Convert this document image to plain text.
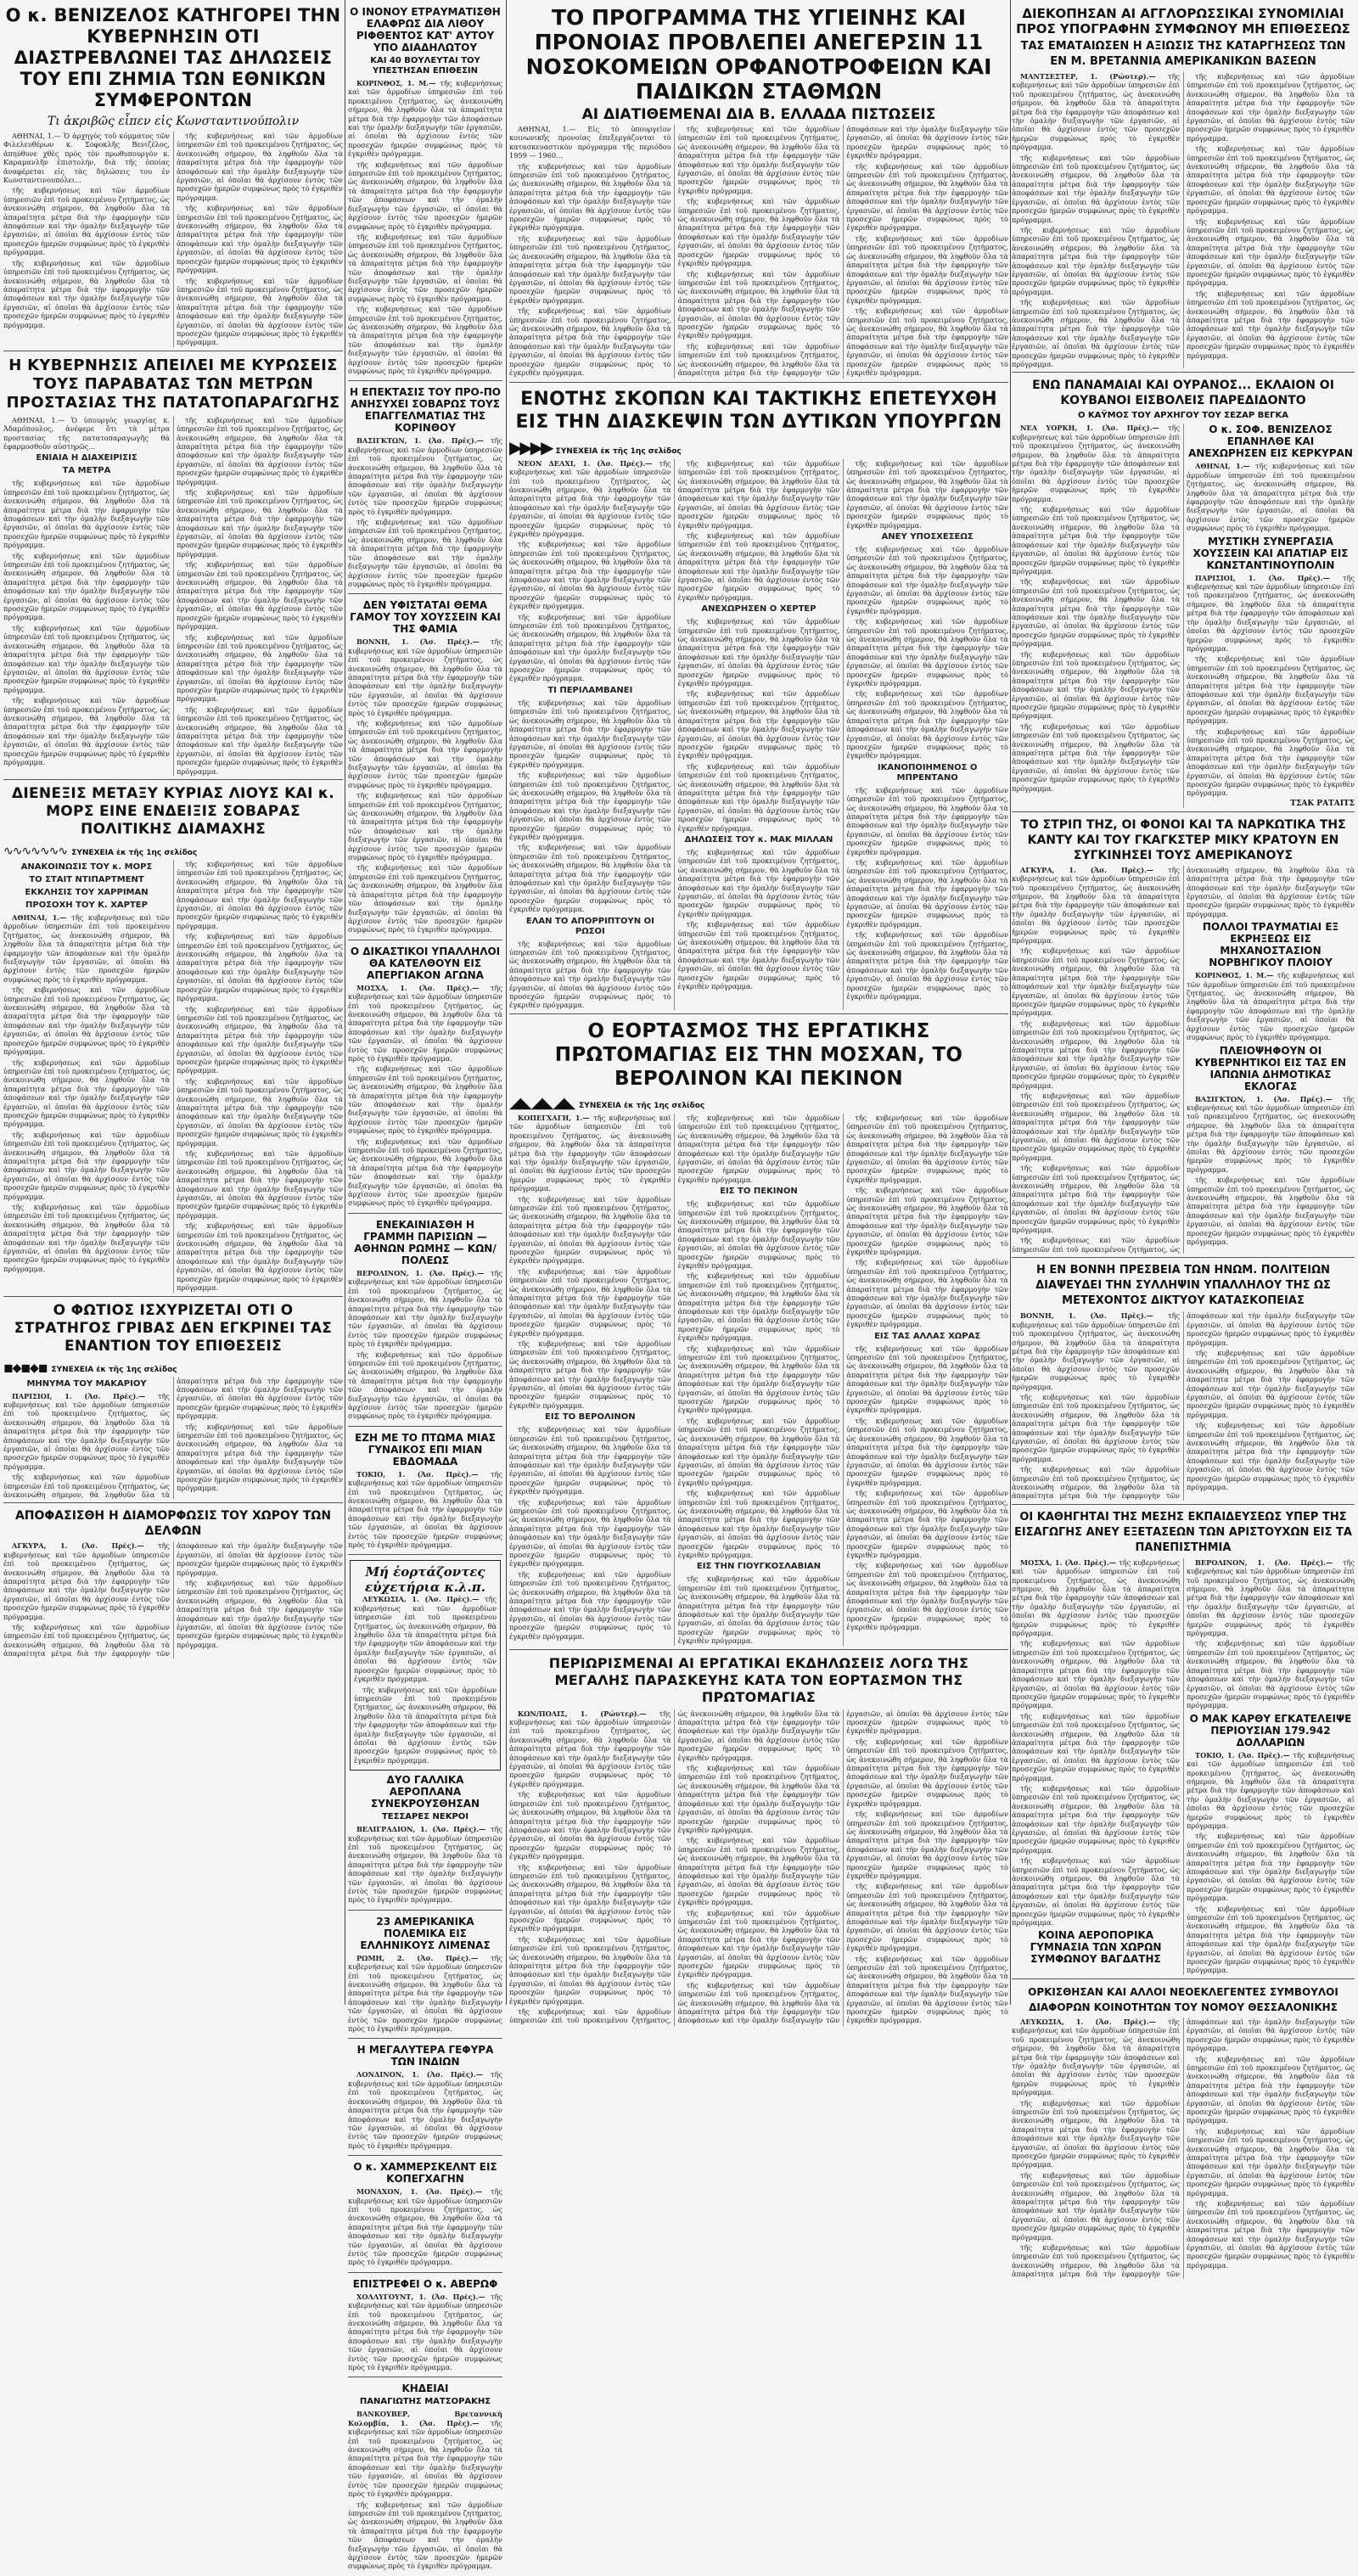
Ο κ. ΒΕΝΙΖΕΛΟΣ ΚΑΤΗΓΟΡΕΙ ΤΗΝ ΚΥΒΕΡΝΗΣΙΝ ΟΤΙ ΔΙΑΣΤΡΕΒΛΩΝΕΙ ΤΑΣ ΔΗΛΩΣΕΙΣ ΤΟΥ ΕΠΙ ΖΗΜΙΑ ΤΩΝ ΕΘΝΙΚΩΝ ΣΥΜΦΕΡΟΝΤΩΝ
Τι ἀκριβῶς εἶπεν εἰς Κωνσταντινούπολιν

ΑΘΗΝΑΙ, 1.— Ὁ ἀρχηγὸς τοῦ κόμματος τῶν Φιλελευθέρων κ. Σοφοκλῆς Βενιζέλος, ἀπηύθυνε χθὲς πρὸς τὸν πρωθυπουργὸν κ. Καραμανλῆν ἐπιστολήν, διὰ τῆς ὁποίας ἀναφέρεται εἰς τὰς δηλώσεις του ἐν Κωνσταντινουπόλει...

τῆς κυβερνήσεως καὶ τῶν ἁρμοδίων ὑπηρεσιῶν ἐπὶ τοῦ προκειμένου ζητήματος, ὡς ἀνεκοινώθη σήμερον, θὰ ληφθοῦν ὅλα τὰ ἀπαραίτητα μέτρα διὰ τὴν ἐφαρμογὴν τῶν ἀποφάσεων καὶ τὴν ὁμαλὴν διεξαγωγὴν τῶν ἐργασιῶν, αἱ ὁποῖαι θὰ ἀρχίσουν ἐντὸς τῶν προσεχῶν ἡμερῶν συμφώνως πρὸς τὸ ἐγκριθὲν πρόγραμμα.

τῆς κυβερνήσεως καὶ τῶν ἁρμοδίων ὑπηρεσιῶν ἐπὶ τοῦ προκειμένου ζητήματος, ὡς ἀνεκοινώθη σήμερον, θὰ ληφθοῦν ὅλα τὰ ἀπαραίτητα μέτρα διὰ τὴν ἐφαρμογὴν τῶν ἀποφάσεων καὶ τὴν ὁμαλὴν διεξαγωγὴν τῶν ἐργασιῶν, αἱ ὁποῖαι θὰ ἀρχίσουν ἐντὸς τῶν προσεχῶν ἡμερῶν συμφώνως πρὸς τὸ ἐγκριθὲν πρόγραμμα.

τῆς κυβερνήσεως καὶ τῶν ἁρμοδίων ὑπηρεσιῶν ἐπὶ τοῦ προκειμένου ζητήματος, ὡς ἀνεκοινώθη σήμερον, θὰ ληφθοῦν ὅλα τὰ ἀπαραίτητα μέτρα διὰ τὴν ἐφαρμογὴν τῶν ἀποφάσεων καὶ τὴν ὁμαλὴν διεξαγωγὴν τῶν ἐργασιῶν, αἱ ὁποῖαι θὰ ἀρχίσουν ἐντὸς τῶν προσεχῶν ἡμερῶν συμφώνως πρὸς τὸ ἐγκριθὲν πρόγραμμα.

τῆς κυβερνήσεως καὶ τῶν ἁρμοδίων ὑπηρεσιῶν ἐπὶ τοῦ προκειμένου ζητήματος, ὡς ἀνεκοινώθη σήμερον, θὰ ληφθοῦν ὅλα τὰ ἀπαραίτητα μέτρα διὰ τὴν ἐφαρμογὴν τῶν ἀποφάσεων καὶ τὴν ὁμαλὴν διεξαγωγὴν τῶν ἐργασιῶν, αἱ ὁποῖαι θὰ ἀρχίσουν ἐντὸς τῶν προσεχῶν ἡμερῶν συμφώνως πρὸς τὸ ἐγκριθὲν πρόγραμμα.

τῆς κυβερνήσεως καὶ τῶν ἁρμοδίων ὑπηρεσιῶν ἐπὶ τοῦ προκειμένου ζητήματος, ὡς ἀνεκοινώθη σήμερον, θὰ ληφθοῦν ὅλα τὰ ἀπαραίτητα μέτρα διὰ τὴν ἐφαρμογὴν τῶν ἀποφάσεων καὶ τὴν ὁμαλὴν διεξαγωγὴν τῶν ἐργασιῶν, αἱ ὁποῖαι θὰ ἀρχίσουν ἐντὸς τῶν προσεχῶν ἡμερῶν συμφώνως πρὸς τὸ ἐγκριθὲν πρόγραμμα.

Η ΚΥΒΕΡΝΗΣΙΣ ΑΠΕΙΛΕΙ ΜΕ ΚΥΡΩΣΕΙΣ ΤΟΥΣ ΠΑΡΑΒΑΤΑΣ ΤΩΝ ΜΕΤΡΩΝ ΠΡΟΣΤΑΣΙΑΣ ΤΗΣ ΠΑΤΑΤΟΠΑΡΑΓΩΓΗΣ

ΑΘΗΝΑΙ, 1.— Ὁ ὑπουργὸς γεωργίας κ. Ἀδαμόπουλος, ἀνέφερε ὅτι τὰ μέτρα προστασίας τῆς πατατοπαραγωγῆς θὰ ἐφαρμοσθοῦν αὐστηρῶς...

ΕΝΙΑΙΑ Η ΔΙΑΧΕΙΡΙΣΙΣ
ΤΑ ΜΕΤΡΑ

τῆς κυβερνήσεως καὶ τῶν ἁρμοδίων ὑπηρεσιῶν ἐπὶ τοῦ προκειμένου ζητήματος, ὡς ἀνεκοινώθη σήμερον, θὰ ληφθοῦν ὅλα τὰ ἀπαραίτητα μέτρα διὰ τὴν ἐφαρμογὴν τῶν ἀποφάσεων καὶ τὴν ὁμαλὴν διεξαγωγὴν τῶν ἐργασιῶν, αἱ ὁποῖαι θὰ ἀρχίσουν ἐντὸς τῶν προσεχῶν ἡμερῶν συμφώνως πρὸς τὸ ἐγκριθὲν πρόγραμμα.

τῆς κυβερνήσεως καὶ τῶν ἁρμοδίων ὑπηρεσιῶν ἐπὶ τοῦ προκειμένου ζητήματος, ὡς ἀνεκοινώθη σήμερον, θὰ ληφθοῦν ὅλα τὰ ἀπαραίτητα μέτρα διὰ τὴν ἐφαρμογὴν τῶν ἀποφάσεων καὶ τὴν ὁμαλὴν διεξαγωγὴν τῶν ἐργασιῶν, αἱ ὁποῖαι θὰ ἀρχίσουν ἐντὸς τῶν προσεχῶν ἡμερῶν συμφώνως πρὸς τὸ ἐγκριθὲν πρόγραμμα.

τῆς κυβερνήσεως καὶ τῶν ἁρμοδίων ὑπηρεσιῶν ἐπὶ τοῦ προκειμένου ζητήματος, ὡς ἀνεκοινώθη σήμερον, θὰ ληφθοῦν ὅλα τὰ ἀπαραίτητα μέτρα διὰ τὴν ἐφαρμογὴν τῶν ἀποφάσεων καὶ τὴν ὁμαλὴν διεξαγωγὴν τῶν ἐργασιῶν, αἱ ὁποῖαι θὰ ἀρχίσουν ἐντὸς τῶν προσεχῶν ἡμερῶν συμφώνως πρὸς τὸ ἐγκριθὲν πρόγραμμα.

τῆς κυβερνήσεως καὶ τῶν ἁρμοδίων ὑπηρεσιῶν ἐπὶ τοῦ προκειμένου ζητήματος, ὡς ἀνεκοινώθη σήμερον, θὰ ληφθοῦν ὅλα τὰ ἀπαραίτητα μέτρα διὰ τὴν ἐφαρμογὴν τῶν ἀποφάσεων καὶ τὴν ὁμαλὴν διεξαγωγὴν τῶν ἐργασιῶν, αἱ ὁποῖαι θὰ ἀρχίσουν ἐντὸς τῶν προσεχῶν ἡμερῶν συμφώνως πρὸς τὸ ἐγκριθὲν πρόγραμμα.

τῆς κυβερνήσεως καὶ τῶν ἁρμοδίων ὑπηρεσιῶν ἐπὶ τοῦ προκειμένου ζητήματος, ὡς ἀνεκοινώθη σήμερον, θὰ ληφθοῦν ὅλα τὰ ἀπαραίτητα μέτρα διὰ τὴν ἐφαρμογὴν τῶν ἀποφάσεων καὶ τὴν ὁμαλὴν διεξαγωγὴν τῶν ἐργασιῶν, αἱ ὁποῖαι θὰ ἀρχίσουν ἐντὸς τῶν προσεχῶν ἡμερῶν συμφώνως πρὸς τὸ ἐγκριθὲν πρόγραμμα.

τῆς κυβερνήσεως καὶ τῶν ἁρμοδίων ὑπηρεσιῶν ἐπὶ τοῦ προκειμένου ζητήματος, ὡς ἀνεκοινώθη σήμερον, θὰ ληφθοῦν ὅλα τὰ ἀπαραίτητα μέτρα διὰ τὴν ἐφαρμογὴν τῶν ἀποφάσεων καὶ τὴν ὁμαλὴν διεξαγωγὴν τῶν ἐργασιῶν, αἱ ὁποῖαι θὰ ἀρχίσουν ἐντὸς τῶν προσεχῶν ἡμερῶν συμφώνως πρὸς τὸ ἐγκριθὲν πρόγραμμα.

τῆς κυβερνήσεως καὶ τῶν ἁρμοδίων ὑπηρεσιῶν ἐπὶ τοῦ προκειμένου ζητήματος, ὡς ἀνεκοινώθη σήμερον, θὰ ληφθοῦν ὅλα τὰ ἀπαραίτητα μέτρα διὰ τὴν ἐφαρμογὴν τῶν ἀποφάσεων καὶ τὴν ὁμαλὴν διεξαγωγὴν τῶν ἐργασιῶν, αἱ ὁποῖαι θὰ ἀρχίσουν ἐντὸς τῶν προσεχῶν ἡμερῶν συμφώνως πρὸς τὸ ἐγκριθὲν πρόγραμμα.

τῆς κυβερνήσεως καὶ τῶν ἁρμοδίων ὑπηρεσιῶν ἐπὶ τοῦ προκειμένου ζητήματος, ὡς ἀνεκοινώθη σήμερον, θὰ ληφθοῦν ὅλα τὰ ἀπαραίτητα μέτρα διὰ τὴν ἐφαρμογὴν τῶν ἀποφάσεων καὶ τὴν ὁμαλὴν διεξαγωγὴν τῶν ἐργασιῶν, αἱ ὁποῖαι θὰ ἀρχίσουν ἐντὸς τῶν προσεχῶν ἡμερῶν συμφώνως πρὸς τὸ ἐγκριθὲν πρόγραμμα.

τῆς κυβερνήσεως καὶ τῶν ἁρμοδίων ὑπηρεσιῶν ἐπὶ τοῦ προκειμένου ζητήματος, ὡς ἀνεκοινώθη σήμερον, θὰ ληφθοῦν ὅλα τὰ ἀπαραίτητα μέτρα διὰ τὴν ἐφαρμογὴν τῶν ἀποφάσεων καὶ τὴν ὁμαλὴν διεξαγωγὴν τῶν ἐργασιῶν, αἱ ὁποῖαι θὰ ἀρχίσουν ἐντὸς τῶν προσεχῶν ἡμερῶν συμφώνως πρὸς τὸ ἐγκριθὲν πρόγραμμα.

ΔΙΕΝΕΞΙΣ ΜΕΤΑΞΥ ΚΥΡΙΑΣ ΛΙΟΥΣ ΚΑΙ κ. ΜΟΡΣ ΕΙΝΕ ΕΝΔΕΙΞΙΣ ΣΟΒΑΡΑΣ ΠΟΛΙΤΙΚΗΣ ΔΙΑΜΑΧΗΣ
∿∿∿∿∿∿∿ ΣΥΝΕΧΕΙΑ ἐκ τῆς 1ης σελίδος
ΑΝΑΚΟΙΝΩΣΙΣ ΤΟΥ κ. ΜΟΡΣ
ΤΟ ΣΤΑΙΤ ΝΤΙΠΑΡΤΜΕΝΤ
ΕΚΚΛΗΣΙΣ ΤΟΥ ΧΑΡΡΙΜΑΝ
ΠΡΟΣΟΧΗ ΤΟΥ Κ. ΧΑΡΤΕΡ

ΑΘΗΝΑΙ, 1.— τῆς κυβερνήσεως καὶ τῶν ἁρμοδίων ὑπηρεσιῶν ἐπὶ τοῦ προκειμένου ζητήματος, ὡς ἀνεκοινώθη σήμερον, θὰ ληφθοῦν ὅλα τὰ ἀπαραίτητα μέτρα διὰ τὴν ἐφαρμογὴν τῶν ἀποφάσεων καὶ τὴν ὁμαλὴν διεξαγωγὴν τῶν ἐργασιῶν, αἱ ὁποῖαι θὰ ἀρχίσουν ἐντὸς τῶν προσεχῶν ἡμερῶν συμφώνως πρὸς τὸ ἐγκριθὲν πρόγραμμα.

τῆς κυβερνήσεως καὶ τῶν ἁρμοδίων ὑπηρεσιῶν ἐπὶ τοῦ προκειμένου ζητήματος, ὡς ἀνεκοινώθη σήμερον, θὰ ληφθοῦν ὅλα τὰ ἀπαραίτητα μέτρα διὰ τὴν ἐφαρμογὴν τῶν ἀποφάσεων καὶ τὴν ὁμαλὴν διεξαγωγὴν τῶν ἐργασιῶν, αἱ ὁποῖαι θὰ ἀρχίσουν ἐντὸς τῶν προσεχῶν ἡμερῶν συμφώνως πρὸς τὸ ἐγκριθὲν πρόγραμμα.

τῆς κυβερνήσεως καὶ τῶν ἁρμοδίων ὑπηρεσιῶν ἐπὶ τοῦ προκειμένου ζητήματος, ὡς ἀνεκοινώθη σήμερον, θὰ ληφθοῦν ὅλα τὰ ἀπαραίτητα μέτρα διὰ τὴν ἐφαρμογὴν τῶν ἀποφάσεων καὶ τὴν ὁμαλὴν διεξαγωγὴν τῶν ἐργασιῶν, αἱ ὁποῖαι θὰ ἀρχίσουν ἐντὸς τῶν προσεχῶν ἡμερῶν συμφώνως πρὸς τὸ ἐγκριθὲν πρόγραμμα.

τῆς κυβερνήσεως καὶ τῶν ἁρμοδίων ὑπηρεσιῶν ἐπὶ τοῦ προκειμένου ζητήματος, ὡς ἀνεκοινώθη σήμερον, θὰ ληφθοῦν ὅλα τὰ ἀπαραίτητα μέτρα διὰ τὴν ἐφαρμογὴν τῶν ἀποφάσεων καὶ τὴν ὁμαλὴν διεξαγωγὴν τῶν ἐργασιῶν, αἱ ὁποῖαι θὰ ἀρχίσουν ἐντὸς τῶν προσεχῶν ἡμερῶν συμφώνως πρὸς τὸ ἐγκριθὲν πρόγραμμα.

τῆς κυβερνήσεως καὶ τῶν ἁρμοδίων ὑπηρεσιῶν ἐπὶ τοῦ προκειμένου ζητήματος, ὡς ἀνεκοινώθη σήμερον, θὰ ληφθοῦν ὅλα τὰ ἀπαραίτητα μέτρα διὰ τὴν ἐφαρμογὴν τῶν ἀποφάσεων καὶ τὴν ὁμαλὴν διεξαγωγὴν τῶν ἐργασιῶν, αἱ ὁποῖαι θὰ ἀρχίσουν ἐντὸς τῶν προσεχῶν ἡμερῶν συμφώνως πρὸς τὸ ἐγκριθὲν πρόγραμμα.

τῆς κυβερνήσεως καὶ τῶν ἁρμοδίων ὑπηρεσιῶν ἐπὶ τοῦ προκειμένου ζητήματος, ὡς ἀνεκοινώθη σήμερον, θὰ ληφθοῦν ὅλα τὰ ἀπαραίτητα μέτρα διὰ τὴν ἐφαρμογὴν τῶν ἀποφάσεων καὶ τὴν ὁμαλὴν διεξαγωγὴν τῶν ἐργασιῶν, αἱ ὁποῖαι θὰ ἀρχίσουν ἐντὸς τῶν προσεχῶν ἡμερῶν συμφώνως πρὸς τὸ ἐγκριθὲν πρόγραμμα.

τῆς κυβερνήσεως καὶ τῶν ἁρμοδίων ὑπηρεσιῶν ἐπὶ τοῦ προκειμένου ζητήματος, ὡς ἀνεκοινώθη σήμερον, θὰ ληφθοῦν ὅλα τὰ ἀπαραίτητα μέτρα διὰ τὴν ἐφαρμογὴν τῶν ἀποφάσεων καὶ τὴν ὁμαλὴν διεξαγωγὴν τῶν ἐργασιῶν, αἱ ὁποῖαι θὰ ἀρχίσουν ἐντὸς τῶν προσεχῶν ἡμερῶν συμφώνως πρὸς τὸ ἐγκριθὲν πρόγραμμα.

τῆς κυβερνήσεως καὶ τῶν ἁρμοδίων ὑπηρεσιῶν ἐπὶ τοῦ προκειμένου ζητήματος, ὡς ἀνεκοινώθη σήμερον, θὰ ληφθοῦν ὅλα τὰ ἀπαραίτητα μέτρα διὰ τὴν ἐφαρμογὴν τῶν ἀποφάσεων καὶ τὴν ὁμαλὴν διεξαγωγὴν τῶν ἐργασιῶν, αἱ ὁποῖαι θὰ ἀρχίσουν ἐντὸς τῶν προσεχῶν ἡμερῶν συμφώνως πρὸς τὸ ἐγκριθὲν πρόγραμμα.

τῆς κυβερνήσεως καὶ τῶν ἁρμοδίων ὑπηρεσιῶν ἐπὶ τοῦ προκειμένου ζητήματος, ὡς ἀνεκοινώθη σήμερον, θὰ ληφθοῦν ὅλα τὰ ἀπαραίτητα μέτρα διὰ τὴν ἐφαρμογὴν τῶν ἀποφάσεων καὶ τὴν ὁμαλὴν διεξαγωγὴν τῶν ἐργασιῶν, αἱ ὁποῖαι θὰ ἀρχίσουν ἐντὸς τῶν προσεχῶν ἡμερῶν συμφώνως πρὸς τὸ ἐγκριθὲν πρόγραμμα.

τῆς κυβερνήσεως καὶ τῶν ἁρμοδίων ὑπηρεσιῶν ἐπὶ τοῦ προκειμένου ζητήματος, ὡς ἀνεκοινώθη σήμερον, θὰ ληφθοῦν ὅλα τὰ ἀπαραίτητα μέτρα διὰ τὴν ἐφαρμογὴν τῶν ἀποφάσεων καὶ τὴν ὁμαλὴν διεξαγωγὴν τῶν ἐργασιῶν, αἱ ὁποῖαι θὰ ἀρχίσουν ἐντὸς τῶν προσεχῶν ἡμερῶν συμφώνως πρὸς τὸ ἐγκριθὲν πρόγραμμα.

τῆς κυβερνήσεως καὶ τῶν ἁρμοδίων ὑπηρεσιῶν ἐπὶ τοῦ προκειμένου ζητήματος, ὡς ἀνεκοινώθη σήμερον, θὰ ληφθοῦν ὅλα τὰ ἀπαραίτητα μέτρα διὰ τὴν ἐφαρμογὴν τῶν ἀποφάσεων καὶ τὴν ὁμαλὴν διεξαγωγὴν τῶν ἐργασιῶν, αἱ ὁποῖαι θὰ ἀρχίσουν ἐντὸς τῶν προσεχῶν ἡμερῶν συμφώνως πρὸς τὸ ἐγκριθὲν πρόγραμμα.

Ο ΦΩΤΙΟΣ ΙΣΧΥΡΙΖΕΤΑΙ ΟΤΙ Ο ΣΤΡΑΤΗΓΟΣ ΓΡΙΒΑΣ ΔΕΝ ΕΓΚΡΙΝΕΙ ΤΑΣ ΕΝΑΝΤΙΟΝ ΤΟΥ ΕΠΙΘΕΣΕΙΣ
◼◆◼◆◼ ΣΥΝΕΧΕΙΑ ἐκ τῆς 1ης σελίδος
ΜΗΝΥΜΑ ΤΟΥ ΜΑΚΑΡΙΟΥ

ΠΑΡΙΣΙΟΙ, 1. (Ἀσ. Πρὲς).— τῆς κυβερνήσεως καὶ τῶν ἁρμοδίων ὑπηρεσιῶν ἐπὶ τοῦ προκειμένου ζητήματος, ὡς ἀνεκοινώθη σήμερον, θὰ ληφθοῦν ὅλα τὰ ἀπαραίτητα μέτρα διὰ τὴν ἐφαρμογὴν τῶν ἀποφάσεων καὶ τὴν ὁμαλὴν διεξαγωγὴν τῶν ἐργασιῶν, αἱ ὁποῖαι θὰ ἀρχίσουν ἐντὸς τῶν προσεχῶν ἡμερῶν συμφώνως πρὸς τὸ ἐγκριθὲν πρόγραμμα.

τῆς κυβερνήσεως καὶ τῶν ἁρμοδίων ὑπηρεσιῶν ἐπὶ τοῦ προκειμένου ζητήματος, ὡς ἀνεκοινώθη σήμερον, θὰ ληφθοῦν ὅλα τὰ ἀπαραίτητα μέτρα διὰ τὴν ἐφαρμογὴν τῶν ἀποφάσεων καὶ τὴν ὁμαλὴν διεξαγωγὴν τῶν ἐργασιῶν, αἱ ὁποῖαι θὰ ἀρχίσουν ἐντὸς τῶν προσεχῶν ἡμερῶν συμφώνως πρὸς τὸ ἐγκριθὲν πρόγραμμα.

τῆς κυβερνήσεως καὶ τῶν ἁρμοδίων ὑπηρεσιῶν ἐπὶ τοῦ προκειμένου ζητήματος, ὡς ἀνεκοινώθη σήμερον, θὰ ληφθοῦν ὅλα τὰ ἀπαραίτητα μέτρα διὰ τὴν ἐφαρμογὴν τῶν ἀποφάσεων καὶ τὴν ὁμαλὴν διεξαγωγὴν τῶν ἐργασιῶν, αἱ ὁποῖαι θὰ ἀρχίσουν ἐντὸς τῶν προσεχῶν ἡμερῶν συμφώνως πρὸς τὸ ἐγκριθὲν πρόγραμμα.

ΑΠΟΦΑΣΙΣΘΗ Η ΔΙΑΜΟΡΦΩΣΙΣ ΤΟΥ ΧΩΡΟΥ ΤΩΝ ΔΕΛΦΩΝ

ΑΓΚΥΡΑ, 1. (Ἀσ. Πρὲς).— τῆς κυβερνήσεως καὶ τῶν ἁρμοδίων ὑπηρεσιῶν ἐπὶ τοῦ προκειμένου ζητήματος, ὡς ἀνεκοινώθη σήμερον, θὰ ληφθοῦν ὅλα τὰ ἀπαραίτητα μέτρα διὰ τὴν ἐφαρμογὴν τῶν ἀποφάσεων καὶ τὴν ὁμαλὴν διεξαγωγὴν τῶν ἐργασιῶν, αἱ ὁποῖαι θὰ ἀρχίσουν ἐντὸς τῶν προσεχῶν ἡμερῶν συμφώνως πρὸς τὸ ἐγκριθὲν πρόγραμμα.

τῆς κυβερνήσεως καὶ τῶν ἁρμοδίων ὑπηρεσιῶν ἐπὶ τοῦ προκειμένου ζητήματος, ὡς ἀνεκοινώθη σήμερον, θὰ ληφθοῦν ὅλα τὰ ἀπαραίτητα μέτρα διὰ τὴν ἐφαρμογὴν τῶν ἀποφάσεων καὶ τὴν ὁμαλὴν διεξαγωγὴν τῶν ἐργασιῶν, αἱ ὁποῖαι θὰ ἀρχίσουν ἐντὸς τῶν προσεχῶν ἡμερῶν συμφώνως πρὸς τὸ ἐγκριθὲν πρόγραμμα.

τῆς κυβερνήσεως καὶ τῶν ἁρμοδίων ὑπηρεσιῶν ἐπὶ τοῦ προκειμένου ζητήματος, ὡς ἀνεκοινώθη σήμερον, θὰ ληφθοῦν ὅλα τὰ ἀπαραίτητα μέτρα διὰ τὴν ἐφαρμογὴν τῶν ἀποφάσεων καὶ τὴν ὁμαλὴν διεξαγωγὴν τῶν ἐργασιῶν, αἱ ὁποῖαι θὰ ἀρχίσουν ἐντὸς τῶν προσεχῶν ἡμερῶν συμφώνως πρὸς τὸ ἐγκριθὲν πρόγραμμα.

Ο ΙΝΟΝΟΥ ΕΤΡΑΥΜΑΤΙΣΘΗ ΕΛΑΦΡΩΣ ΔΙΑ ΛΙΘΟΥ ΡΙΦΘΕΝΤΟΣ ΚΑΤ' ΑΥΤΟΥ ΥΠΟ ΔΙΑΔΗΛΩΤΟΥ
ΚΑΙ 40 ΒΟΥΛΕΥΤΑΙ ΤΟΥ ΥΠΕΣΤΗΣΑΝ ΕΠΙΘΕΣΙΝ

ΚΟΡΙΝΘΟΣ, 1. Μ.— τῆς κυβερνήσεως καὶ τῶν ἁρμοδίων ὑπηρεσιῶν ἐπὶ τοῦ προκειμένου ζητήματος, ὡς ἀνεκοινώθη σήμερον, θὰ ληφθοῦν ὅλα τὰ ἀπαραίτητα μέτρα διὰ τὴν ἐφαρμογὴν τῶν ἀποφάσεων καὶ τὴν ὁμαλὴν διεξαγωγὴν τῶν ἐργασιῶν, αἱ ὁποῖαι θὰ ἀρχίσουν ἐντὸς τῶν προσεχῶν ἡμερῶν συμφώνως πρὸς τὸ ἐγκριθὲν πρόγραμμα.

τῆς κυβερνήσεως καὶ τῶν ἁρμοδίων ὑπηρεσιῶν ἐπὶ τοῦ προκειμένου ζητήματος, ὡς ἀνεκοινώθη σήμερον, θὰ ληφθοῦν ὅλα τὰ ἀπαραίτητα μέτρα διὰ τὴν ἐφαρμογὴν τῶν ἀποφάσεων καὶ τὴν ὁμαλὴν διεξαγωγὴν τῶν ἐργασιῶν, αἱ ὁποῖαι θὰ ἀρχίσουν ἐντὸς τῶν προσεχῶν ἡμερῶν συμφώνως πρὸς τὸ ἐγκριθὲν πρόγραμμα.

τῆς κυβερνήσεως καὶ τῶν ἁρμοδίων ὑπηρεσιῶν ἐπὶ τοῦ προκειμένου ζητήματος, ὡς ἀνεκοινώθη σήμερον, θὰ ληφθοῦν ὅλα τὰ ἀπαραίτητα μέτρα διὰ τὴν ἐφαρμογὴν τῶν ἀποφάσεων καὶ τὴν ὁμαλὴν διεξαγωγὴν τῶν ἐργασιῶν, αἱ ὁποῖαι θὰ ἀρχίσουν ἐντὸς τῶν προσεχῶν ἡμερῶν συμφώνως πρὸς τὸ ἐγκριθὲν πρόγραμμα.

τῆς κυβερνήσεως καὶ τῶν ἁρμοδίων ὑπηρεσιῶν ἐπὶ τοῦ προκειμένου ζητήματος, ὡς ἀνεκοινώθη σήμερον, θὰ ληφθοῦν ὅλα τὰ ἀπαραίτητα μέτρα διὰ τὴν ἐφαρμογὴν τῶν ἀποφάσεων καὶ τὴν ὁμαλὴν διεξαγωγὴν τῶν ἐργασιῶν, αἱ ὁποῖαι θὰ ἀρχίσουν ἐντὸς τῶν προσεχῶν ἡμερῶν συμφώνως πρὸς τὸ ἐγκριθὲν πρόγραμμα.

Η ΕΠΕΚΤΑΣΙΣ ΤΟΥ ΠΡΟ-ΠΟ ΑΝΗΣΥΧΕΙ ΣΟΒΑΡΩΣ ΤΟΥΣ ΕΠΑΓΓΕΛΜΑΤΙΑΣ ΤΗΣ ΚΟΡΙΝΘΟΥ

ΒΑΣΙΓΚΤΩΝ, 1. (Ἀσ. Πρὲς).— τῆς κυβερνήσεως καὶ τῶν ἁρμοδίων ὑπηρεσιῶν ἐπὶ τοῦ προκειμένου ζητήματος, ὡς ἀνεκοινώθη σήμερον, θὰ ληφθοῦν ὅλα τὰ ἀπαραίτητα μέτρα διὰ τὴν ἐφαρμογὴν τῶν ἀποφάσεων καὶ τὴν ὁμαλὴν διεξαγωγὴν τῶν ἐργασιῶν, αἱ ὁποῖαι θὰ ἀρχίσουν ἐντὸς τῶν προσεχῶν ἡμερῶν συμφώνως πρὸς τὸ ἐγκριθὲν πρόγραμμα.

τῆς κυβερνήσεως καὶ τῶν ἁρμοδίων ὑπηρεσιῶν ἐπὶ τοῦ προκειμένου ζητήματος, ὡς ἀνεκοινώθη σήμερον, θὰ ληφθοῦν ὅλα τὰ ἀπαραίτητα μέτρα διὰ τὴν ἐφαρμογὴν τῶν ἀποφάσεων καὶ τὴν ὁμαλὴν διεξαγωγὴν τῶν ἐργασιῶν, αἱ ὁποῖαι θὰ ἀρχίσουν ἐντὸς τῶν προσεχῶν ἡμερῶν συμφώνως πρὸς τὸ ἐγκριθὲν πρόγραμμα.

ΔΕΝ ΥΦΙΣΤΑΤΑΙ ΘΕΜΑ ΓΑΜΟΥ ΤΟΥ ΧΟΥΣΣΕΙΝ ΚΑΙ ΤΗΣ ΦΑΜΙΑ

ΒΟΝΝΗ, 1. (Ἀσ. Πρὲς).— τῆς κυβερνήσεως καὶ τῶν ἁρμοδίων ὑπηρεσιῶν ἐπὶ τοῦ προκειμένου ζητήματος, ὡς ἀνεκοινώθη σήμερον, θὰ ληφθοῦν ὅλα τὰ ἀπαραίτητα μέτρα διὰ τὴν ἐφαρμογὴν τῶν ἀποφάσεων καὶ τὴν ὁμαλὴν διεξαγωγὴν τῶν ἐργασιῶν, αἱ ὁποῖαι θὰ ἀρχίσουν ἐντὸς τῶν προσεχῶν ἡμερῶν συμφώνως πρὸς τὸ ἐγκριθὲν πρόγραμμα.

τῆς κυβερνήσεως καὶ τῶν ἁρμοδίων ὑπηρεσιῶν ἐπὶ τοῦ προκειμένου ζητήματος, ὡς ἀνεκοινώθη σήμερον, θὰ ληφθοῦν ὅλα τὰ ἀπαραίτητα μέτρα διὰ τὴν ἐφαρμογὴν τῶν ἀποφάσεων καὶ τὴν ὁμαλὴν διεξαγωγὴν τῶν ἐργασιῶν, αἱ ὁποῖαι θὰ ἀρχίσουν ἐντὸς τῶν προσεχῶν ἡμερῶν συμφώνως πρὸς τὸ ἐγκριθὲν πρόγραμμα.

τῆς κυβερνήσεως καὶ τῶν ἁρμοδίων ὑπηρεσιῶν ἐπὶ τοῦ προκειμένου ζητήματος, ὡς ἀνεκοινώθη σήμερον, θὰ ληφθοῦν ὅλα τὰ ἀπαραίτητα μέτρα διὰ τὴν ἐφαρμογὴν τῶν ἀποφάσεων καὶ τὴν ὁμαλὴν διεξαγωγὴν τῶν ἐργασιῶν, αἱ ὁποῖαι θὰ ἀρχίσουν ἐντὸς τῶν προσεχῶν ἡμερῶν συμφώνως πρὸς τὸ ἐγκριθὲν πρόγραμμα.

τῆς κυβερνήσεως καὶ τῶν ἁρμοδίων ὑπηρεσιῶν ἐπὶ τοῦ προκειμένου ζητήματος, ὡς ἀνεκοινώθη σήμερον, θὰ ληφθοῦν ὅλα τὰ ἀπαραίτητα μέτρα διὰ τὴν ἐφαρμογὴν τῶν ἀποφάσεων καὶ τὴν ὁμαλὴν διεξαγωγὴν τῶν ἐργασιῶν, αἱ ὁποῖαι θὰ ἀρχίσουν ἐντὸς τῶν προσεχῶν ἡμερῶν συμφώνως πρὸς τὸ ἐγκριθὲν πρόγραμμα.

Ο ΔΙΚΑΣΤΙΚΟΙ ΥΠΑΛΛΗΛΟΙ ΘΑ ΚΑΤΕΛΘΟΥΝ ΕΙΣ ΑΠΕΡΓΙΑΚΟΝ ΑΓΩΝΑ

ΜΟΣΧΑ, 1. (Ἀσ. Πρὲς).— τῆς κυβερνήσεως καὶ τῶν ἁρμοδίων ὑπηρεσιῶν ἐπὶ τοῦ προκειμένου ζητήματος, ὡς ἀνεκοινώθη σήμερον, θὰ ληφθοῦν ὅλα τὰ ἀπαραίτητα μέτρα διὰ τὴν ἐφαρμογὴν τῶν ἀποφάσεων καὶ τὴν ὁμαλὴν διεξαγωγὴν τῶν ἐργασιῶν, αἱ ὁποῖαι θὰ ἀρχίσουν ἐντὸς τῶν προσεχῶν ἡμερῶν συμφώνως πρὸς τὸ ἐγκριθὲν πρόγραμμα.

τῆς κυβερνήσεως καὶ τῶν ἁρμοδίων ὑπηρεσιῶν ἐπὶ τοῦ προκειμένου ζητήματος, ὡς ἀνεκοινώθη σήμερον, θὰ ληφθοῦν ὅλα τὰ ἀπαραίτητα μέτρα διὰ τὴν ἐφαρμογὴν τῶν ἀποφάσεων καὶ τὴν ὁμαλὴν διεξαγωγὴν τῶν ἐργασιῶν, αἱ ὁποῖαι θὰ ἀρχίσουν ἐντὸς τῶν προσεχῶν ἡμερῶν συμφώνως πρὸς τὸ ἐγκριθὲν πρόγραμμα.

τῆς κυβερνήσεως καὶ τῶν ἁρμοδίων ὑπηρεσιῶν ἐπὶ τοῦ προκειμένου ζητήματος, ὡς ἀνεκοινώθη σήμερον, θὰ ληφθοῦν ὅλα τὰ ἀπαραίτητα μέτρα διὰ τὴν ἐφαρμογὴν τῶν ἀποφάσεων καὶ τὴν ὁμαλὴν διεξαγωγὴν τῶν ἐργασιῶν, αἱ ὁποῖαι θὰ ἀρχίσουν ἐντὸς τῶν προσεχῶν ἡμερῶν συμφώνως πρὸς τὸ ἐγκριθὲν πρόγραμμα.

ΕΝΕΚΑΙΝΙΑΣΘΗ Η ΓΡΑΜΜΗ ΠΑΡΙΣΙΩΝ — ΑΘΗΝΩΝ ΡΩΜΗΣ — ΚΩΝ/ΠΟΛΕΩΣ

ΒΕΡΟΛΙΝΟΝ, 1. (Ἀσ. Πρὲς).— τῆς κυβερνήσεως καὶ τῶν ἁρμοδίων ὑπηρεσιῶν ἐπὶ τοῦ προκειμένου ζητήματος, ὡς ἀνεκοινώθη σήμερον, θὰ ληφθοῦν ὅλα τὰ ἀπαραίτητα μέτρα διὰ τὴν ἐφαρμογὴν τῶν ἀποφάσεων καὶ τὴν ὁμαλὴν διεξαγωγὴν τῶν ἐργασιῶν, αἱ ὁποῖαι θὰ ἀρχίσουν ἐντὸς τῶν προσεχῶν ἡμερῶν συμφώνως πρὸς τὸ ἐγκριθὲν πρόγραμμα.

τῆς κυβερνήσεως καὶ τῶν ἁρμοδίων ὑπηρεσιῶν ἐπὶ τοῦ προκειμένου ζητήματος, ὡς ἀνεκοινώθη σήμερον, θὰ ληφθοῦν ὅλα τὰ ἀπαραίτητα μέτρα διὰ τὴν ἐφαρμογὴν τῶν ἀποφάσεων καὶ τὴν ὁμαλὴν διεξαγωγὴν τῶν ἐργασιῶν, αἱ ὁποῖαι θὰ ἀρχίσουν ἐντὸς τῶν προσεχῶν ἡμερῶν συμφώνως πρὸς τὸ ἐγκριθὲν πρόγραμμα.

ΕΖΗ ΜΕ ΤΟ ΠΤΩΜΑ ΜΙΑΣ ΓΥΝΑΙΚΟΣ ΕΠΙ ΜΙΑΝ ΕΒΔΟΜΑΔΑ

ΤΟΚΙΟ, 1. (Ἀσ. Πρὲς).— τῆς κυβερνήσεως καὶ τῶν ἁρμοδίων ὑπηρεσιῶν ἐπὶ τοῦ προκειμένου ζητήματος, ὡς ἀνεκοινώθη σήμερον, θὰ ληφθοῦν ὅλα τὰ ἀπαραίτητα μέτρα διὰ τὴν ἐφαρμογὴν τῶν ἀποφάσεων καὶ τὴν ὁμαλὴν διεξαγωγὴν τῶν ἐργασιῶν, αἱ ὁποῖαι θὰ ἀρχίσουν ἐντὸς τῶν προσεχῶν ἡμερῶν συμφώνως πρὸς τὸ ἐγκριθὲν πρόγραμμα.

Μή ἑορτάζοντες εὐχετήρια κ.λ.π.

ΛΕΥΚΩΣΙΑ, 1. (Ἀσ. Πρὲς).— τῆς κυβερνήσεως καὶ τῶν ἁρμοδίων ὑπηρεσιῶν ἐπὶ τοῦ προκειμένου ζητήματος, ὡς ἀνεκοινώθη σήμερον, θὰ ληφθοῦν ὅλα τὰ ἀπαραίτητα μέτρα διὰ τὴν ἐφαρμογὴν τῶν ἀποφάσεων καὶ τὴν ὁμαλὴν διεξαγωγὴν τῶν ἐργασιῶν, αἱ ὁποῖαι θὰ ἀρχίσουν ἐντὸς τῶν προσεχῶν ἡμερῶν συμφώνως πρὸς τὸ ἐγκριθὲν πρόγραμμα.

τῆς κυβερνήσεως καὶ τῶν ἁρμοδίων ὑπηρεσιῶν ἐπὶ τοῦ προκειμένου ζητήματος, ὡς ἀνεκοινώθη σήμερον, θὰ ληφθοῦν ὅλα τὰ ἀπαραίτητα μέτρα διὰ τὴν ἐφαρμογὴν τῶν ἀποφάσεων καὶ τὴν ὁμαλὴν διεξαγωγὴν τῶν ἐργασιῶν, αἱ ὁποῖαι θὰ ἀρχίσουν ἐντὸς τῶν προσεχῶν ἡμερῶν συμφώνως πρὸς τὸ ἐγκριθὲν πρόγραμμα.

ΔΥΟ ΓΑΛΛΙΚΑ ΑΕΡΟΠΛΑΝΑ ΣΥΝΕΚΡΟΥΣΘΗΣΑΝ
ΤΕΣΣΑΡΕΣ ΝΕΚΡΟΙ

ΒΕΛΙΓΡΑΔΙΟΝ, 1. (Ἀσ. Πρὲς).— τῆς κυβερνήσεως καὶ τῶν ἁρμοδίων ὑπηρεσιῶν ἐπὶ τοῦ προκειμένου ζητήματος, ὡς ἀνεκοινώθη σήμερον, θὰ ληφθοῦν ὅλα τὰ ἀπαραίτητα μέτρα διὰ τὴν ἐφαρμογὴν τῶν ἀποφάσεων καὶ τὴν ὁμαλὴν διεξαγωγὴν τῶν ἐργασιῶν, αἱ ὁποῖαι θὰ ἀρχίσουν ἐντὸς τῶν προσεχῶν ἡμερῶν συμφώνως πρὸς τὸ ἐγκριθὲν πρόγραμμα.

23 ΑΜΕΡΙΚΑΝΙΚΑ ΠΟΛΕΜΙΚΑ ΕΙΣ ΕΛΛΗΝΙΚΟΥΣ ΛΙΜΕΝΑΣ

ΡΩΜΗ, 2. (Ἀσ. Πρὲς).— τῆς κυβερνήσεως καὶ τῶν ἁρμοδίων ὑπηρεσιῶν ἐπὶ τοῦ προκειμένου ζητήματος, ὡς ἀνεκοινώθη σήμερον, θὰ ληφθοῦν ὅλα τὰ ἀπαραίτητα μέτρα διὰ τὴν ἐφαρμογὴν τῶν ἀποφάσεων καὶ τὴν ὁμαλὴν διεξαγωγὴν τῶν ἐργασιῶν, αἱ ὁποῖαι θὰ ἀρχίσουν ἐντὸς τῶν προσεχῶν ἡμερῶν συμφώνως πρὸς τὸ ἐγκριθὲν πρόγραμμα.

Η ΜΕΓΑΛΥΤΕΡΑ ΓΕΦΥΡΑ ΤΩΝ ΙΝΔΙΩΝ

ΛΟΝΔΙΝΟΝ, 1. (Ἀσ. Πρὲς).— τῆς κυβερνήσεως καὶ τῶν ἁρμοδίων ὑπηρεσιῶν ἐπὶ τοῦ προκειμένου ζητήματος, ὡς ἀνεκοινώθη σήμερον, θὰ ληφθοῦν ὅλα τὰ ἀπαραίτητα μέτρα διὰ τὴν ἐφαρμογὴν τῶν ἀποφάσεων καὶ τὴν ὁμαλὴν διεξαγωγὴν τῶν ἐργασιῶν, αἱ ὁποῖαι θὰ ἀρχίσουν ἐντὸς τῶν προσεχῶν ἡμερῶν συμφώνως πρὸς τὸ ἐγκριθὲν πρόγραμμα.

Ο κ. ΧΑΜΜΕΡΣΚΕΛΝΤ ΕΙΣ ΚΟΠΕΓΧΑΓΗΝ

ΜΟΝΑΧΟΝ, 1. (Ἀσ. Πρὲς).— τῆς κυβερνήσεως καὶ τῶν ἁρμοδίων ὑπηρεσιῶν ἐπὶ τοῦ προκειμένου ζητήματος, ὡς ἀνεκοινώθη σήμερον, θὰ ληφθοῦν ὅλα τὰ ἀπαραίτητα μέτρα διὰ τὴν ἐφαρμογὴν τῶν ἀποφάσεων καὶ τὴν ὁμαλὴν διεξαγωγὴν τῶν ἐργασιῶν, αἱ ὁποῖαι θὰ ἀρχίσουν ἐντὸς τῶν προσεχῶν ἡμερῶν συμφώνως πρὸς τὸ ἐγκριθὲν πρόγραμμα.

ΕΠΙΣΤΡΕΦΕΙ Ο κ. ΑΒΕΡΩΦ

ΧΟΛΛΥΓΟΥΝΤ, 1. (Ἀσ. Πρὲς).— τῆς κυβερνήσεως καὶ τῶν ἁρμοδίων ὑπηρεσιῶν ἐπὶ τοῦ προκειμένου ζητήματος, ὡς ἀνεκοινώθη σήμερον, θὰ ληφθοῦν ὅλα τὰ ἀπαραίτητα μέτρα διὰ τὴν ἐφαρμογὴν τῶν ἀποφάσεων καὶ τὴν ὁμαλὴν διεξαγωγὴν τῶν ἐργασιῶν, αἱ ὁποῖαι θὰ ἀρχίσουν ἐντὸς τῶν προσεχῶν ἡμερῶν συμφώνως πρὸς τὸ ἐγκριθὲν πρόγραμμα.

ΚΗΔΕΙΑΙ
ΠΑΝΑΓΙΩΤΗΣ ΜΑΤΣΟΡΑΚΗΣ

ΒΑΝΚΟΥΒΕΡ, Βρεταννικὴ Κολομβία, 1. (Ἀσ. Πρὲς).— τῆς κυβερνήσεως καὶ τῶν ἁρμοδίων ὑπηρεσιῶν ἐπὶ τοῦ προκειμένου ζητήματος, ὡς ἀνεκοινώθη σήμερον, θὰ ληφθοῦν ὅλα τὰ ἀπαραίτητα μέτρα διὰ τὴν ἐφαρμογὴν τῶν ἀποφάσεων καὶ τὴν ὁμαλὴν διεξαγωγὴν τῶν ἐργασιῶν, αἱ ὁποῖαι θὰ ἀρχίσουν ἐντὸς τῶν προσεχῶν ἡμερῶν συμφώνως πρὸς τὸ ἐγκριθὲν πρόγραμμα.

τῆς κυβερνήσεως καὶ τῶν ἁρμοδίων ὑπηρεσιῶν ἐπὶ τοῦ προκειμένου ζητήματος, ὡς ἀνεκοινώθη σήμερον, θὰ ληφθοῦν ὅλα τὰ ἀπαραίτητα μέτρα διὰ τὴν ἐφαρμογὴν τῶν ἀποφάσεων καὶ τὴν ὁμαλὴν διεξαγωγὴν τῶν ἐργασιῶν, αἱ ὁποῖαι θὰ ἀρχίσουν ἐντὸς τῶν προσεχῶν ἡμερῶν συμφώνως πρὸς τὸ ἐγκριθὲν πρόγραμμα.

ΤΟ ΠΡΟΓΡΑΜΜΑ ΤΗΣ ΥΓΙΕΙΝΗΣ ΚΑΙ ΠΡΟΝΟΙΑΣ ΠΡΟΒΛΕΠΕΙ ΑΝΕΓΕΡΣΙΝ 11 ΝΟΣΟΚΟΜΕΙΩΝ ΟΡΦΑΝΟΤΡΟΦΕΙΩΝ ΚΑΙ ΠΑΙΔΙΚΩΝ ΣΤΑΘΜΩΝ
ΑΙ ΔΙΑΤΙΘΕΜΕΝΑΙ ΔΙΑ Β. ΕΛΛΑΔΑ ΠΙΣΤΩΣΕΙΣ

ΑΘΗΝΑΙ, 1.— Εἰς τὸ ὑπουργεῖον κοινωνικῆς προνοίας ἐπεξεργάζονται τὸ κατασκευαστικὸν πρόγραμμα τῆς περιόδου 1959 — 1960...

τῆς κυβερνήσεως καὶ τῶν ἁρμοδίων ὑπηρεσιῶν ἐπὶ τοῦ προκειμένου ζητήματος, ὡς ἀνεκοινώθη σήμερον, θὰ ληφθοῦν ὅλα τὰ ἀπαραίτητα μέτρα διὰ τὴν ἐφαρμογὴν τῶν ἀποφάσεων καὶ τὴν ὁμαλὴν διεξαγωγὴν τῶν ἐργασιῶν, αἱ ὁποῖαι θὰ ἀρχίσουν ἐντὸς τῶν προσεχῶν ἡμερῶν συμφώνως πρὸς τὸ ἐγκριθὲν πρόγραμμα.

τῆς κυβερνήσεως καὶ τῶν ἁρμοδίων ὑπηρεσιῶν ἐπὶ τοῦ προκειμένου ζητήματος, ὡς ἀνεκοινώθη σήμερον, θὰ ληφθοῦν ὅλα τὰ ἀπαραίτητα μέτρα διὰ τὴν ἐφαρμογὴν τῶν ἀποφάσεων καὶ τὴν ὁμαλὴν διεξαγωγὴν τῶν ἐργασιῶν, αἱ ὁποῖαι θὰ ἀρχίσουν ἐντὸς τῶν προσεχῶν ἡμερῶν συμφώνως πρὸς τὸ ἐγκριθὲν πρόγραμμα.

τῆς κυβερνήσεως καὶ τῶν ἁρμοδίων ὑπηρεσιῶν ἐπὶ τοῦ προκειμένου ζητήματος, ὡς ἀνεκοινώθη σήμερον, θὰ ληφθοῦν ὅλα τὰ ἀπαραίτητα μέτρα διὰ τὴν ἐφαρμογὴν τῶν ἀποφάσεων καὶ τὴν ὁμαλὴν διεξαγωγὴν τῶν ἐργασιῶν, αἱ ὁποῖαι θὰ ἀρχίσουν ἐντὸς τῶν προσεχῶν ἡμερῶν συμφώνως πρὸς τὸ ἐγκριθὲν πρόγραμμα.

τῆς κυβερνήσεως καὶ τῶν ἁρμοδίων ὑπηρεσιῶν ἐπὶ τοῦ προκειμένου ζητήματος, ὡς ἀνεκοινώθη σήμερον, θὰ ληφθοῦν ὅλα τὰ ἀπαραίτητα μέτρα διὰ τὴν ἐφαρμογὴν τῶν ἀποφάσεων καὶ τὴν ὁμαλὴν διεξαγωγὴν τῶν ἐργασιῶν, αἱ ὁποῖαι θὰ ἀρχίσουν ἐντὸς τῶν προσεχῶν ἡμερῶν συμφώνως πρὸς τὸ ἐγκριθὲν πρόγραμμα.

τῆς κυβερνήσεως καὶ τῶν ἁρμοδίων ὑπηρεσιῶν ἐπὶ τοῦ προκειμένου ζητήματος, ὡς ἀνεκοινώθη σήμερον, θὰ ληφθοῦν ὅλα τὰ ἀπαραίτητα μέτρα διὰ τὴν ἐφαρμογὴν τῶν ἀποφάσεων καὶ τὴν ὁμαλὴν διεξαγωγὴν τῶν ἐργασιῶν, αἱ ὁποῖαι θὰ ἀρχίσουν ἐντὸς τῶν προσεχῶν ἡμερῶν συμφώνως πρὸς τὸ ἐγκριθὲν πρόγραμμα.

τῆς κυβερνήσεως καὶ τῶν ἁρμοδίων ὑπηρεσιῶν ἐπὶ τοῦ προκειμένου ζητήματος, ὡς ἀνεκοινώθη σήμερον, θὰ ληφθοῦν ὅλα τὰ ἀπαραίτητα μέτρα διὰ τὴν ἐφαρμογὴν τῶν ἀποφάσεων καὶ τὴν ὁμαλὴν διεξαγωγὴν τῶν ἐργασιῶν, αἱ ὁποῖαι θὰ ἀρχίσουν ἐντὸς τῶν προσεχῶν ἡμερῶν συμφώνως πρὸς τὸ ἐγκριθὲν πρόγραμμα.

τῆς κυβερνήσεως καὶ τῶν ἁρμοδίων ὑπηρεσιῶν ἐπὶ τοῦ προκειμένου ζητήματος, ὡς ἀνεκοινώθη σήμερον, θὰ ληφθοῦν ὅλα τὰ ἀπαραίτητα μέτρα διὰ τὴν ἐφαρμογὴν τῶν ἀποφάσεων καὶ τὴν ὁμαλὴν διεξαγωγὴν τῶν ἐργασιῶν, αἱ ὁποῖαι θὰ ἀρχίσουν ἐντὸς τῶν προσεχῶν ἡμερῶν συμφώνως πρὸς τὸ ἐγκριθὲν πρόγραμμα.

τῆς κυβερνήσεως καὶ τῶν ἁρμοδίων ὑπηρεσιῶν ἐπὶ τοῦ προκειμένου ζητήματος, ὡς ἀνεκοινώθη σήμερον, θὰ ληφθοῦν ὅλα τὰ ἀπαραίτητα μέτρα διὰ τὴν ἐφαρμογὴν τῶν ἀποφάσεων καὶ τὴν ὁμαλὴν διεξαγωγὴν τῶν ἐργασιῶν, αἱ ὁποῖαι θὰ ἀρχίσουν ἐντὸς τῶν προσεχῶν ἡμερῶν συμφώνως πρὸς τὸ ἐγκριθὲν πρόγραμμα.

τῆς κυβερνήσεως καὶ τῶν ἁρμοδίων ὑπηρεσιῶν ἐπὶ τοῦ προκειμένου ζητήματος, ὡς ἀνεκοινώθη σήμερον, θὰ ληφθοῦν ὅλα τὰ ἀπαραίτητα μέτρα διὰ τὴν ἐφαρμογὴν τῶν ἀποφάσεων καὶ τὴν ὁμαλὴν διεξαγωγὴν τῶν ἐργασιῶν, αἱ ὁποῖαι θὰ ἀρχίσουν ἐντὸς τῶν προσεχῶν ἡμερῶν συμφώνως πρὸς τὸ ἐγκριθὲν πρόγραμμα.

τῆς κυβερνήσεως καὶ τῶν ἁρμοδίων ὑπηρεσιῶν ἐπὶ τοῦ προκειμένου ζητήματος, ὡς ἀνεκοινώθη σήμερον, θὰ ληφθοῦν ὅλα τὰ ἀπαραίτητα μέτρα διὰ τὴν ἐφαρμογὴν τῶν ἀποφάσεων καὶ τὴν ὁμαλὴν διεξαγωγὴν τῶν ἐργασιῶν, αἱ ὁποῖαι θὰ ἀρχίσουν ἐντὸς τῶν προσεχῶν ἡμερῶν συμφώνως πρὸς τὸ ἐγκριθὲν πρόγραμμα.

ΕΝΟΤΗΣ ΣΚΟΠΩΝ ΚΑΙ ΤΑΚΤΙΚΗΣ ΕΠΕΤΕΥΧΘΗ ΕΙΣ ΤΗΝ ΔΙΑΣΚΕΨΙΝ ΤΩΝ ΔΥΤΙΚΩΝ ΥΠΟΥΡΓΩΝ
▶▶▶▶ ΣΥΝΕΧΕΙΑ ἐκ τῆς 1ης σελίδος

ΝΕΟΝ ΔΕΛΧΙ, 1. (Ἀσ. Πρὲς).— τῆς κυβερνήσεως καὶ τῶν ἁρμοδίων ὑπηρεσιῶν ἐπὶ τοῦ προκειμένου ζητήματος, ὡς ἀνεκοινώθη σήμερον, θὰ ληφθοῦν ὅλα τὰ ἀπαραίτητα μέτρα διὰ τὴν ἐφαρμογὴν τῶν ἀποφάσεων καὶ τὴν ὁμαλὴν διεξαγωγὴν τῶν ἐργασιῶν, αἱ ὁποῖαι θὰ ἀρχίσουν ἐντὸς τῶν προσεχῶν ἡμερῶν συμφώνως πρὸς τὸ ἐγκριθὲν πρόγραμμα.

τῆς κυβερνήσεως καὶ τῶν ἁρμοδίων ὑπηρεσιῶν ἐπὶ τοῦ προκειμένου ζητήματος, ὡς ἀνεκοινώθη σήμερον, θὰ ληφθοῦν ὅλα τὰ ἀπαραίτητα μέτρα διὰ τὴν ἐφαρμογὴν τῶν ἀποφάσεων καὶ τὴν ὁμαλὴν διεξαγωγὴν τῶν ἐργασιῶν, αἱ ὁποῖαι θὰ ἀρχίσουν ἐντὸς τῶν προσεχῶν ἡμερῶν συμφώνως πρὸς τὸ ἐγκριθὲν πρόγραμμα.

τῆς κυβερνήσεως καὶ τῶν ἁρμοδίων ὑπηρεσιῶν ἐπὶ τοῦ προκειμένου ζητήματος, ὡς ἀνεκοινώθη σήμερον, θὰ ληφθοῦν ὅλα τὰ ἀπαραίτητα μέτρα διὰ τὴν ἐφαρμογὴν τῶν ἀποφάσεων καὶ τὴν ὁμαλὴν διεξαγωγὴν τῶν ἐργασιῶν, αἱ ὁποῖαι θὰ ἀρχίσουν ἐντὸς τῶν προσεχῶν ἡμερῶν συμφώνως πρὸς τὸ ἐγκριθὲν πρόγραμμα.

ΤΙ ΠΕΡΙΛΑΜΒΑΝΕΙ

τῆς κυβερνήσεως καὶ τῶν ἁρμοδίων ὑπηρεσιῶν ἐπὶ τοῦ προκειμένου ζητήματος, ὡς ἀνεκοινώθη σήμερον, θὰ ληφθοῦν ὅλα τὰ ἀπαραίτητα μέτρα διὰ τὴν ἐφαρμογὴν τῶν ἀποφάσεων καὶ τὴν ὁμαλὴν διεξαγωγὴν τῶν ἐργασιῶν, αἱ ὁποῖαι θὰ ἀρχίσουν ἐντὸς τῶν προσεχῶν ἡμερῶν συμφώνως πρὸς τὸ ἐγκριθὲν πρόγραμμα.

τῆς κυβερνήσεως καὶ τῶν ἁρμοδίων ὑπηρεσιῶν ἐπὶ τοῦ προκειμένου ζητήματος, ὡς ἀνεκοινώθη σήμερον, θὰ ληφθοῦν ὅλα τὰ ἀπαραίτητα μέτρα διὰ τὴν ἐφαρμογὴν τῶν ἀποφάσεων καὶ τὴν ὁμαλὴν διεξαγωγὴν τῶν ἐργασιῶν, αἱ ὁποῖαι θὰ ἀρχίσουν ἐντὸς τῶν προσεχῶν ἡμερῶν συμφώνως πρὸς τὸ ἐγκριθὲν πρόγραμμα.

τῆς κυβερνήσεως καὶ τῶν ἁρμοδίων ὑπηρεσιῶν ἐπὶ τοῦ προκειμένου ζητήματος, ὡς ἀνεκοινώθη σήμερον, θὰ ληφθοῦν ὅλα τὰ ἀπαραίτητα μέτρα διὰ τὴν ἐφαρμογὴν τῶν ἀποφάσεων καὶ τὴν ὁμαλὴν διεξαγωγὴν τῶν ἐργασιῶν, αἱ ὁποῖαι θὰ ἀρχίσουν ἐντὸς τῶν προσεχῶν ἡμερῶν συμφώνως πρὸς τὸ ἐγκριθὲν πρόγραμμα.

ΕΛΑΝ ΤΟ ΑΠΟΡΡΙΠΤΟΥΝ ΟΙ ΡΩΣΟΙ

τῆς κυβερνήσεως καὶ τῶν ἁρμοδίων ὑπηρεσιῶν ἐπὶ τοῦ προκειμένου ζητήματος, ὡς ἀνεκοινώθη σήμερον, θὰ ληφθοῦν ὅλα τὰ ἀπαραίτητα μέτρα διὰ τὴν ἐφαρμογὴν τῶν ἀποφάσεων καὶ τὴν ὁμαλὴν διεξαγωγὴν τῶν ἐργασιῶν, αἱ ὁποῖαι θὰ ἀρχίσουν ἐντὸς τῶν προσεχῶν ἡμερῶν συμφώνως πρὸς τὸ ἐγκριθὲν πρόγραμμα.

τῆς κυβερνήσεως καὶ τῶν ἁρμοδίων ὑπηρεσιῶν ἐπὶ τοῦ προκειμένου ζητήματος, ὡς ἀνεκοινώθη σήμερον, θὰ ληφθοῦν ὅλα τὰ ἀπαραίτητα μέτρα διὰ τὴν ἐφαρμογὴν τῶν ἀποφάσεων καὶ τὴν ὁμαλὴν διεξαγωγὴν τῶν ἐργασιῶν, αἱ ὁποῖαι θὰ ἀρχίσουν ἐντὸς τῶν προσεχῶν ἡμερῶν συμφώνως πρὸς τὸ ἐγκριθὲν πρόγραμμα.

τῆς κυβερνήσεως καὶ τῶν ἁρμοδίων ὑπηρεσιῶν ἐπὶ τοῦ προκειμένου ζητήματος, ὡς ἀνεκοινώθη σήμερον, θὰ ληφθοῦν ὅλα τὰ ἀπαραίτητα μέτρα διὰ τὴν ἐφαρμογὴν τῶν ἀποφάσεων καὶ τὴν ὁμαλὴν διεξαγωγὴν τῶν ἐργασιῶν, αἱ ὁποῖαι θὰ ἀρχίσουν ἐντὸς τῶν προσεχῶν ἡμερῶν συμφώνως πρὸς τὸ ἐγκριθὲν πρόγραμμα.

ΑΝΕΧΩΡΗΣΕΝ Ο ΧΕΡΤΕΡ

τῆς κυβερνήσεως καὶ τῶν ἁρμοδίων ὑπηρεσιῶν ἐπὶ τοῦ προκειμένου ζητήματος, ὡς ἀνεκοινώθη σήμερον, θὰ ληφθοῦν ὅλα τὰ ἀπαραίτητα μέτρα διὰ τὴν ἐφαρμογὴν τῶν ἀποφάσεων καὶ τὴν ὁμαλὴν διεξαγωγὴν τῶν ἐργασιῶν, αἱ ὁποῖαι θὰ ἀρχίσουν ἐντὸς τῶν προσεχῶν ἡμερῶν συμφώνως πρὸς τὸ ἐγκριθὲν πρόγραμμα.

τῆς κυβερνήσεως καὶ τῶν ἁρμοδίων ὑπηρεσιῶν ἐπὶ τοῦ προκειμένου ζητήματος, ὡς ἀνεκοινώθη σήμερον, θὰ ληφθοῦν ὅλα τὰ ἀπαραίτητα μέτρα διὰ τὴν ἐφαρμογὴν τῶν ἀποφάσεων καὶ τὴν ὁμαλὴν διεξαγωγὴν τῶν ἐργασιῶν, αἱ ὁποῖαι θὰ ἀρχίσουν ἐντὸς τῶν προσεχῶν ἡμερῶν συμφώνως πρὸς τὸ ἐγκριθὲν πρόγραμμα.

τῆς κυβερνήσεως καὶ τῶν ἁρμοδίων ὑπηρεσιῶν ἐπὶ τοῦ προκειμένου ζητήματος, ὡς ἀνεκοινώθη σήμερον, θὰ ληφθοῦν ὅλα τὰ ἀπαραίτητα μέτρα διὰ τὴν ἐφαρμογὴν τῶν ἀποφάσεων καὶ τὴν ὁμαλὴν διεξαγωγὴν τῶν ἐργασιῶν, αἱ ὁποῖαι θὰ ἀρχίσουν ἐντὸς τῶν προσεχῶν ἡμερῶν συμφώνως πρὸς τὸ ἐγκριθὲν πρόγραμμα.

ΔΗΛΩΣΕΙΣ ΤΟΥ κ. ΜΑΚ ΜΙΛΛΑΝ

τῆς κυβερνήσεως καὶ τῶν ἁρμοδίων ὑπηρεσιῶν ἐπὶ τοῦ προκειμένου ζητήματος, ὡς ἀνεκοινώθη σήμερον, θὰ ληφθοῦν ὅλα τὰ ἀπαραίτητα μέτρα διὰ τὴν ἐφαρμογὴν τῶν ἀποφάσεων καὶ τὴν ὁμαλὴν διεξαγωγὴν τῶν ἐργασιῶν, αἱ ὁποῖαι θὰ ἀρχίσουν ἐντὸς τῶν προσεχῶν ἡμερῶν συμφώνως πρὸς τὸ ἐγκριθὲν πρόγραμμα.

τῆς κυβερνήσεως καὶ τῶν ἁρμοδίων ὑπηρεσιῶν ἐπὶ τοῦ προκειμένου ζητήματος, ὡς ἀνεκοινώθη σήμερον, θὰ ληφθοῦν ὅλα τὰ ἀπαραίτητα μέτρα διὰ τὴν ἐφαρμογὴν τῶν ἀποφάσεων καὶ τὴν ὁμαλὴν διεξαγωγὴν τῶν ἐργασιῶν, αἱ ὁποῖαι θὰ ἀρχίσουν ἐντὸς τῶν προσεχῶν ἡμερῶν συμφώνως πρὸς τὸ ἐγκριθὲν πρόγραμμα.

τῆς κυβερνήσεως καὶ τῶν ἁρμοδίων ὑπηρεσιῶν ἐπὶ τοῦ προκειμένου ζητήματος, ὡς ἀνεκοινώθη σήμερον, θὰ ληφθοῦν ὅλα τὰ ἀπαραίτητα μέτρα διὰ τὴν ἐφαρμογὴν τῶν ἀποφάσεων καὶ τὴν ὁμαλὴν διεξαγωγὴν τῶν ἐργασιῶν, αἱ ὁποῖαι θὰ ἀρχίσουν ἐντὸς τῶν προσεχῶν ἡμερῶν συμφώνως πρὸς τὸ ἐγκριθὲν πρόγραμμα.

ΑΝΕΥ ΥΠΟΣΧΕΣΕΩΣ

τῆς κυβερνήσεως καὶ τῶν ἁρμοδίων ὑπηρεσιῶν ἐπὶ τοῦ προκειμένου ζητήματος, ὡς ἀνεκοινώθη σήμερον, θὰ ληφθοῦν ὅλα τὰ ἀπαραίτητα μέτρα διὰ τὴν ἐφαρμογὴν τῶν ἀποφάσεων καὶ τὴν ὁμαλὴν διεξαγωγὴν τῶν ἐργασιῶν, αἱ ὁποῖαι θὰ ἀρχίσουν ἐντὸς τῶν προσεχῶν ἡμερῶν συμφώνως πρὸς τὸ ἐγκριθὲν πρόγραμμα.

τῆς κυβερνήσεως καὶ τῶν ἁρμοδίων ὑπηρεσιῶν ἐπὶ τοῦ προκειμένου ζητήματος, ὡς ἀνεκοινώθη σήμερον, θὰ ληφθοῦν ὅλα τὰ ἀπαραίτητα μέτρα διὰ τὴν ἐφαρμογὴν τῶν ἀποφάσεων καὶ τὴν ὁμαλὴν διεξαγωγὴν τῶν ἐργασιῶν, αἱ ὁποῖαι θὰ ἀρχίσουν ἐντὸς τῶν προσεχῶν ἡμερῶν συμφώνως πρὸς τὸ ἐγκριθὲν πρόγραμμα.

τῆς κυβερνήσεως καὶ τῶν ἁρμοδίων ὑπηρεσιῶν ἐπὶ τοῦ προκειμένου ζητήματος, ὡς ἀνεκοινώθη σήμερον, θὰ ληφθοῦν ὅλα τὰ ἀπαραίτητα μέτρα διὰ τὴν ἐφαρμογὴν τῶν ἀποφάσεων καὶ τὴν ὁμαλὴν διεξαγωγὴν τῶν ἐργασιῶν, αἱ ὁποῖαι θὰ ἀρχίσουν ἐντὸς τῶν προσεχῶν ἡμερῶν συμφώνως πρὸς τὸ ἐγκριθὲν πρόγραμμα.

ΙΚΑΝΟΠΟΙΗΜΕΝΟΣ Ο ΜΠΡΕΝΤΑΝΟ

τῆς κυβερνήσεως καὶ τῶν ἁρμοδίων ὑπηρεσιῶν ἐπὶ τοῦ προκειμένου ζητήματος, ὡς ἀνεκοινώθη σήμερον, θὰ ληφθοῦν ὅλα τὰ ἀπαραίτητα μέτρα διὰ τὴν ἐφαρμογὴν τῶν ἀποφάσεων καὶ τὴν ὁμαλὴν διεξαγωγὴν τῶν ἐργασιῶν, αἱ ὁποῖαι θὰ ἀρχίσουν ἐντὸς τῶν προσεχῶν ἡμερῶν συμφώνως πρὸς τὸ ἐγκριθὲν πρόγραμμα.

τῆς κυβερνήσεως καὶ τῶν ἁρμοδίων ὑπηρεσιῶν ἐπὶ τοῦ προκειμένου ζητήματος, ὡς ἀνεκοινώθη σήμερον, θὰ ληφθοῦν ὅλα τὰ ἀπαραίτητα μέτρα διὰ τὴν ἐφαρμογὴν τῶν ἀποφάσεων καὶ τὴν ὁμαλὴν διεξαγωγὴν τῶν ἐργασιῶν, αἱ ὁποῖαι θὰ ἀρχίσουν ἐντὸς τῶν προσεχῶν ἡμερῶν συμφώνως πρὸς τὸ ἐγκριθὲν πρόγραμμα.

τῆς κυβερνήσεως καὶ τῶν ἁρμοδίων ὑπηρεσιῶν ἐπὶ τοῦ προκειμένου ζητήματος, ὡς ἀνεκοινώθη σήμερον, θὰ ληφθοῦν ὅλα τὰ ἀπαραίτητα μέτρα διὰ τὴν ἐφαρμογὴν τῶν ἀποφάσεων καὶ τὴν ὁμαλὴν διεξαγωγὴν τῶν ἐργασιῶν, αἱ ὁποῖαι θὰ ἀρχίσουν ἐντὸς τῶν προσεχῶν ἡμερῶν συμφώνως πρὸς τὸ ἐγκριθὲν πρόγραμμα.

Ο ΕΟΡΤΑΣΜΟΣ ΤΗΣ ΕΡΓΑΤΙΚΗΣ ΠΡΩΤΟΜΑΓΙΑΣ ΕΙΣ ΤΗΝ ΜΟΣΧΑΝ, ΤΟ ΒΕΡΟΛΙΝΟΝ ΚΑΙ ΠΕΚΙΝΟΝ
◢◣◢◣◢◣ ΣΥΝΕΧΕΙΑ ἐκ τῆς 1ης σελίδος

ΚΟΠΕΓΧΑΓΗ, 1.— τῆς κυβερνήσεως καὶ τῶν ἁρμοδίων ὑπηρεσιῶν ἐπὶ τοῦ προκειμένου ζητήματος, ὡς ἀνεκοινώθη σήμερον, θὰ ληφθοῦν ὅλα τὰ ἀπαραίτητα μέτρα διὰ τὴν ἐφαρμογὴν τῶν ἀποφάσεων καὶ τὴν ὁμαλὴν διεξαγωγὴν τῶν ἐργασιῶν, αἱ ὁποῖαι θὰ ἀρχίσουν ἐντὸς τῶν προσεχῶν ἡμερῶν συμφώνως πρὸς τὸ ἐγκριθὲν πρόγραμμα.

τῆς κυβερνήσεως καὶ τῶν ἁρμοδίων ὑπηρεσιῶν ἐπὶ τοῦ προκειμένου ζητήματος, ὡς ἀνεκοινώθη σήμερον, θὰ ληφθοῦν ὅλα τὰ ἀπαραίτητα μέτρα διὰ τὴν ἐφαρμογὴν τῶν ἀποφάσεων καὶ τὴν ὁμαλὴν διεξαγωγὴν τῶν ἐργασιῶν, αἱ ὁποῖαι θὰ ἀρχίσουν ἐντὸς τῶν προσεχῶν ἡμερῶν συμφώνως πρὸς τὸ ἐγκριθὲν πρόγραμμα.

τῆς κυβερνήσεως καὶ τῶν ἁρμοδίων ὑπηρεσιῶν ἐπὶ τοῦ προκειμένου ζητήματος, ὡς ἀνεκοινώθη σήμερον, θὰ ληφθοῦν ὅλα τὰ ἀπαραίτητα μέτρα διὰ τὴν ἐφαρμογὴν τῶν ἀποφάσεων καὶ τὴν ὁμαλὴν διεξαγωγὴν τῶν ἐργασιῶν, αἱ ὁποῖαι θὰ ἀρχίσουν ἐντὸς τῶν προσεχῶν ἡμερῶν συμφώνως πρὸς τὸ ἐγκριθὲν πρόγραμμα.

τῆς κυβερνήσεως καὶ τῶν ἁρμοδίων ὑπηρεσιῶν ἐπὶ τοῦ προκειμένου ζητήματος, ὡς ἀνεκοινώθη σήμερον, θὰ ληφθοῦν ὅλα τὰ ἀπαραίτητα μέτρα διὰ τὴν ἐφαρμογὴν τῶν ἀποφάσεων καὶ τὴν ὁμαλὴν διεξαγωγὴν τῶν ἐργασιῶν, αἱ ὁποῖαι θὰ ἀρχίσουν ἐντὸς τῶν προσεχῶν ἡμερῶν συμφώνως πρὸς τὸ ἐγκριθὲν πρόγραμμα.

ΕΙΣ ΤΟ ΒΕΡΟΛΙΝΟΝ

τῆς κυβερνήσεως καὶ τῶν ἁρμοδίων ὑπηρεσιῶν ἐπὶ τοῦ προκειμένου ζητήματος, ὡς ἀνεκοινώθη σήμερον, θὰ ληφθοῦν ὅλα τὰ ἀπαραίτητα μέτρα διὰ τὴν ἐφαρμογὴν τῶν ἀποφάσεων καὶ τὴν ὁμαλὴν διεξαγωγὴν τῶν ἐργασιῶν, αἱ ὁποῖαι θὰ ἀρχίσουν ἐντὸς τῶν προσεχῶν ἡμερῶν συμφώνως πρὸς τὸ ἐγκριθὲν πρόγραμμα.

τῆς κυβερνήσεως καὶ τῶν ἁρμοδίων ὑπηρεσιῶν ἐπὶ τοῦ προκειμένου ζητήματος, ὡς ἀνεκοινώθη σήμερον, θὰ ληφθοῦν ὅλα τὰ ἀπαραίτητα μέτρα διὰ τὴν ἐφαρμογὴν τῶν ἀποφάσεων καὶ τὴν ὁμαλὴν διεξαγωγὴν τῶν ἐργασιῶν, αἱ ὁποῖαι θὰ ἀρχίσουν ἐντὸς τῶν προσεχῶν ἡμερῶν συμφώνως πρὸς τὸ ἐγκριθὲν πρόγραμμα.

τῆς κυβερνήσεως καὶ τῶν ἁρμοδίων ὑπηρεσιῶν ἐπὶ τοῦ προκειμένου ζητήματος, ὡς ἀνεκοινώθη σήμερον, θὰ ληφθοῦν ὅλα τὰ ἀπαραίτητα μέτρα διὰ τὴν ἐφαρμογὴν τῶν ἀποφάσεων καὶ τὴν ὁμαλὴν διεξαγωγὴν τῶν ἐργασιῶν, αἱ ὁποῖαι θὰ ἀρχίσουν ἐντὸς τῶν προσεχῶν ἡμερῶν συμφώνως πρὸς τὸ ἐγκριθὲν πρόγραμμα.

τῆς κυβερνήσεως καὶ τῶν ἁρμοδίων ὑπηρεσιῶν ἐπὶ τοῦ προκειμένου ζητήματος, ὡς ἀνεκοινώθη σήμερον, θὰ ληφθοῦν ὅλα τὰ ἀπαραίτητα μέτρα διὰ τὴν ἐφαρμογὴν τῶν ἀποφάσεων καὶ τὴν ὁμαλὴν διεξαγωγὴν τῶν ἐργασιῶν, αἱ ὁποῖαι θὰ ἀρχίσουν ἐντὸς τῶν προσεχῶν ἡμερῶν συμφώνως πρὸς τὸ ἐγκριθὲν πρόγραμμα.

ΕΙΣ ΤΟ ΠΕΚΙΝΟΝ

τῆς κυβερνήσεως καὶ τῶν ἁρμοδίων ὑπηρεσιῶν ἐπὶ τοῦ προκειμένου ζητήματος, ὡς ἀνεκοινώθη σήμερον, θὰ ληφθοῦν ὅλα τὰ ἀπαραίτητα μέτρα διὰ τὴν ἐφαρμογὴν τῶν ἀποφάσεων καὶ τὴν ὁμαλὴν διεξαγωγὴν τῶν ἐργασιῶν, αἱ ὁποῖαι θὰ ἀρχίσουν ἐντὸς τῶν προσεχῶν ἡμερῶν συμφώνως πρὸς τὸ ἐγκριθὲν πρόγραμμα.

τῆς κυβερνήσεως καὶ τῶν ἁρμοδίων ὑπηρεσιῶν ἐπὶ τοῦ προκειμένου ζητήματος, ὡς ἀνεκοινώθη σήμερον, θὰ ληφθοῦν ὅλα τὰ ἀπαραίτητα μέτρα διὰ τὴν ἐφαρμογὴν τῶν ἀποφάσεων καὶ τὴν ὁμαλὴν διεξαγωγὴν τῶν ἐργασιῶν, αἱ ὁποῖαι θὰ ἀρχίσουν ἐντὸς τῶν προσεχῶν ἡμερῶν συμφώνως πρὸς τὸ ἐγκριθὲν πρόγραμμα.

τῆς κυβερνήσεως καὶ τῶν ἁρμοδίων ὑπηρεσιῶν ἐπὶ τοῦ προκειμένου ζητήματος, ὡς ἀνεκοινώθη σήμερον, θὰ ληφθοῦν ὅλα τὰ ἀπαραίτητα μέτρα διὰ τὴν ἐφαρμογὴν τῶν ἀποφάσεων καὶ τὴν ὁμαλὴν διεξαγωγὴν τῶν ἐργασιῶν, αἱ ὁποῖαι θὰ ἀρχίσουν ἐντὸς τῶν προσεχῶν ἡμερῶν συμφώνως πρὸς τὸ ἐγκριθὲν πρόγραμμα.

τῆς κυβερνήσεως καὶ τῶν ἁρμοδίων ὑπηρεσιῶν ἐπὶ τοῦ προκειμένου ζητήματος, ὡς ἀνεκοινώθη σήμερον, θὰ ληφθοῦν ὅλα τὰ ἀπαραίτητα μέτρα διὰ τὴν ἐφαρμογὴν τῶν ἀποφάσεων καὶ τὴν ὁμαλὴν διεξαγωγὴν τῶν ἐργασιῶν, αἱ ὁποῖαι θὰ ἀρχίσουν ἐντὸς τῶν προσεχῶν ἡμερῶν συμφώνως πρὸς τὸ ἐγκριθὲν πρόγραμμα.

τῆς κυβερνήσεως καὶ τῶν ἁρμοδίων ὑπηρεσιῶν ἐπὶ τοῦ προκειμένου ζητήματος, ὡς ἀνεκοινώθη σήμερον, θὰ ληφθοῦν ὅλα τὰ ἀπαραίτητα μέτρα διὰ τὴν ἐφαρμογὴν τῶν ἀποφάσεων καὶ τὴν ὁμαλὴν διεξαγωγὴν τῶν ἐργασιῶν, αἱ ὁποῖαι θὰ ἀρχίσουν ἐντὸς τῶν προσεχῶν ἡμερῶν συμφώνως πρὸς τὸ ἐγκριθὲν πρόγραμμα.

ΕΙΣ ΤΗΝ ΓΙΟΥΓΚΟΣΛΑΒΙΑΝ

τῆς κυβερνήσεως καὶ τῶν ἁρμοδίων ὑπηρεσιῶν ἐπὶ τοῦ προκειμένου ζητήματος, ὡς ἀνεκοινώθη σήμερον, θὰ ληφθοῦν ὅλα τὰ ἀπαραίτητα μέτρα διὰ τὴν ἐφαρμογὴν τῶν ἀποφάσεων καὶ τὴν ὁμαλὴν διεξαγωγὴν τῶν ἐργασιῶν, αἱ ὁποῖαι θὰ ἀρχίσουν ἐντὸς τῶν προσεχῶν ἡμερῶν συμφώνως πρὸς τὸ ἐγκριθὲν πρόγραμμα.

τῆς κυβερνήσεως καὶ τῶν ἁρμοδίων ὑπηρεσιῶν ἐπὶ τοῦ προκειμένου ζητήματος, ὡς ἀνεκοινώθη σήμερον, θὰ ληφθοῦν ὅλα τὰ ἀπαραίτητα μέτρα διὰ τὴν ἐφαρμογὴν τῶν ἀποφάσεων καὶ τὴν ὁμαλὴν διεξαγωγὴν τῶν ἐργασιῶν, αἱ ὁποῖαι θὰ ἀρχίσουν ἐντὸς τῶν προσεχῶν ἡμερῶν συμφώνως πρὸς τὸ ἐγκριθὲν πρόγραμμα.

τῆς κυβερνήσεως καὶ τῶν ἁρμοδίων ὑπηρεσιῶν ἐπὶ τοῦ προκειμένου ζητήματος, ὡς ἀνεκοινώθη σήμερον, θὰ ληφθοῦν ὅλα τὰ ἀπαραίτητα μέτρα διὰ τὴν ἐφαρμογὴν τῶν ἀποφάσεων καὶ τὴν ὁμαλὴν διεξαγωγὴν τῶν ἐργασιῶν, αἱ ὁποῖαι θὰ ἀρχίσουν ἐντὸς τῶν προσεχῶν ἡμερῶν συμφώνως πρὸς τὸ ἐγκριθὲν πρόγραμμα.

τῆς κυβερνήσεως καὶ τῶν ἁρμοδίων ὑπηρεσιῶν ἐπὶ τοῦ προκειμένου ζητήματος, ὡς ἀνεκοινώθη σήμερον, θὰ ληφθοῦν ὅλα τὰ ἀπαραίτητα μέτρα διὰ τὴν ἐφαρμογὴν τῶν ἀποφάσεων καὶ τὴν ὁμαλὴν διεξαγωγὴν τῶν ἐργασιῶν, αἱ ὁποῖαι θὰ ἀρχίσουν ἐντὸς τῶν προσεχῶν ἡμερῶν συμφώνως πρὸς τὸ ἐγκριθὲν πρόγραμμα.

ΕΙΣ ΤΑΣ ΑΛΛΑΣ ΧΩΡΑΣ

τῆς κυβερνήσεως καὶ τῶν ἁρμοδίων ὑπηρεσιῶν ἐπὶ τοῦ προκειμένου ζητήματος, ὡς ἀνεκοινώθη σήμερον, θὰ ληφθοῦν ὅλα τὰ ἀπαραίτητα μέτρα διὰ τὴν ἐφαρμογὴν τῶν ἀποφάσεων καὶ τὴν ὁμαλὴν διεξαγωγὴν τῶν ἐργασιῶν, αἱ ὁποῖαι θὰ ἀρχίσουν ἐντὸς τῶν προσεχῶν ἡμερῶν συμφώνως πρὸς τὸ ἐγκριθὲν πρόγραμμα.

τῆς κυβερνήσεως καὶ τῶν ἁρμοδίων ὑπηρεσιῶν ἐπὶ τοῦ προκειμένου ζητήματος, ὡς ἀνεκοινώθη σήμερον, θὰ ληφθοῦν ὅλα τὰ ἀπαραίτητα μέτρα διὰ τὴν ἐφαρμογὴν τῶν ἀποφάσεων καὶ τὴν ὁμαλὴν διεξαγωγὴν τῶν ἐργασιῶν, αἱ ὁποῖαι θὰ ἀρχίσουν ἐντὸς τῶν προσεχῶν ἡμερῶν συμφώνως πρὸς τὸ ἐγκριθὲν πρόγραμμα.

τῆς κυβερνήσεως καὶ τῶν ἁρμοδίων ὑπηρεσιῶν ἐπὶ τοῦ προκειμένου ζητήματος, ὡς ἀνεκοινώθη σήμερον, θὰ ληφθοῦν ὅλα τὰ ἀπαραίτητα μέτρα διὰ τὴν ἐφαρμογὴν τῶν ἀποφάσεων καὶ τὴν ὁμαλὴν διεξαγωγὴν τῶν ἐργασιῶν, αἱ ὁποῖαι θὰ ἀρχίσουν ἐντὸς τῶν προσεχῶν ἡμερῶν συμφώνως πρὸς τὸ ἐγκριθὲν πρόγραμμα.

τῆς κυβερνήσεως καὶ τῶν ἁρμοδίων ὑπηρεσιῶν ἐπὶ τοῦ προκειμένου ζητήματος, ὡς ἀνεκοινώθη σήμερον, θὰ ληφθοῦν ὅλα τὰ ἀπαραίτητα μέτρα διὰ τὴν ἐφαρμογὴν τῶν ἀποφάσεων καὶ τὴν ὁμαλὴν διεξαγωγὴν τῶν ἐργασιῶν, αἱ ὁποῖαι θὰ ἀρχίσουν ἐντὸς τῶν προσεχῶν ἡμερῶν συμφώνως πρὸς τὸ ἐγκριθὲν πρόγραμμα.

ΠΕΡΙΩΡΙΣΜΕΝΑΙ ΑΙ ΕΡΓΑΤΙΚΑΙ ΕΚΔΗΛΩΣΕΙΣ ΛΟΓΩ ΤΗΣ ΜΕΓΑΛΗΣ ΠΑΡΑΣΚΕΥΗΣ ΚΑΤΑ ΤΟΝ ΕΟΡΤΑΣΜΟΝ ΤΗΣ ΠΡΩΤΟΜΑΓΙΑΣ

ΚΩΝ/ΠΟΛΙΣ, 1. (Ρώυτερ).— τῆς κυβερνήσεως καὶ τῶν ἁρμοδίων ὑπηρεσιῶν ἐπὶ τοῦ προκειμένου ζητήματος, ὡς ἀνεκοινώθη σήμερον, θὰ ληφθοῦν ὅλα τὰ ἀπαραίτητα μέτρα διὰ τὴν ἐφαρμογὴν τῶν ἀποφάσεων καὶ τὴν ὁμαλὴν διεξαγωγὴν τῶν ἐργασιῶν, αἱ ὁποῖαι θὰ ἀρχίσουν ἐντὸς τῶν προσεχῶν ἡμερῶν συμφώνως πρὸς τὸ ἐγκριθὲν πρόγραμμα.

τῆς κυβερνήσεως καὶ τῶν ἁρμοδίων ὑπηρεσιῶν ἐπὶ τοῦ προκειμένου ζητήματος, ὡς ἀνεκοινώθη σήμερον, θὰ ληφθοῦν ὅλα τὰ ἀπαραίτητα μέτρα διὰ τὴν ἐφαρμογὴν τῶν ἀποφάσεων καὶ τὴν ὁμαλὴν διεξαγωγὴν τῶν ἐργασιῶν, αἱ ὁποῖαι θὰ ἀρχίσουν ἐντὸς τῶν προσεχῶν ἡμερῶν συμφώνως πρὸς τὸ ἐγκριθὲν πρόγραμμα.

τῆς κυβερνήσεως καὶ τῶν ἁρμοδίων ὑπηρεσιῶν ἐπὶ τοῦ προκειμένου ζητήματος, ὡς ἀνεκοινώθη σήμερον, θὰ ληφθοῦν ὅλα τὰ ἀπαραίτητα μέτρα διὰ τὴν ἐφαρμογὴν τῶν ἀποφάσεων καὶ τὴν ὁμαλὴν διεξαγωγὴν τῶν ἐργασιῶν, αἱ ὁποῖαι θὰ ἀρχίσουν ἐντὸς τῶν προσεχῶν ἡμερῶν συμφώνως πρὸς τὸ ἐγκριθὲν πρόγραμμα.

τῆς κυβερνήσεως καὶ τῶν ἁρμοδίων ὑπηρεσιῶν ἐπὶ τοῦ προκειμένου ζητήματος, ὡς ἀνεκοινώθη σήμερον, θὰ ληφθοῦν ὅλα τὰ ἀπαραίτητα μέτρα διὰ τὴν ἐφαρμογὴν τῶν ἀποφάσεων καὶ τὴν ὁμαλὴν διεξαγωγὴν τῶν ἐργασιῶν, αἱ ὁποῖαι θὰ ἀρχίσουν ἐντὸς τῶν προσεχῶν ἡμερῶν συμφώνως πρὸς τὸ ἐγκριθὲν πρόγραμμα.

τῆς κυβερνήσεως καὶ τῶν ἁρμοδίων ὑπηρεσιῶν ἐπὶ τοῦ προκειμένου ζητήματος, ὡς ἀνεκοινώθη σήμερον, θὰ ληφθοῦν ὅλα τὰ ἀπαραίτητα μέτρα διὰ τὴν ἐφαρμογὴν τῶν ἀποφάσεων καὶ τὴν ὁμαλὴν διεξαγωγὴν τῶν ἐργασιῶν, αἱ ὁποῖαι θὰ ἀρχίσουν ἐντὸς τῶν προσεχῶν ἡμερῶν συμφώνως πρὸς τὸ ἐγκριθὲν πρόγραμμα.

τῆς κυβερνήσεως καὶ τῶν ἁρμοδίων ὑπηρεσιῶν ἐπὶ τοῦ προκειμένου ζητήματος, ὡς ἀνεκοινώθη σήμερον, θὰ ληφθοῦν ὅλα τὰ ἀπαραίτητα μέτρα διὰ τὴν ἐφαρμογὴν τῶν ἀποφάσεων καὶ τὴν ὁμαλὴν διεξαγωγὴν τῶν ἐργασιῶν, αἱ ὁποῖαι θὰ ἀρχίσουν ἐντὸς τῶν προσεχῶν ἡμερῶν συμφώνως πρὸς τὸ ἐγκριθὲν πρόγραμμα.

τῆς κυβερνήσεως καὶ τῶν ἁρμοδίων ὑπηρεσιῶν ἐπὶ τοῦ προκειμένου ζητήματος, ὡς ἀνεκοινώθη σήμερον, θὰ ληφθοῦν ὅλα τὰ ἀπαραίτητα μέτρα διὰ τὴν ἐφαρμογὴν τῶν ἀποφάσεων καὶ τὴν ὁμαλὴν διεξαγωγὴν τῶν ἐργασιῶν, αἱ ὁποῖαι θὰ ἀρχίσουν ἐντὸς τῶν προσεχῶν ἡμερῶν συμφώνως πρὸς τὸ ἐγκριθὲν πρόγραμμα.

τῆς κυβερνήσεως καὶ τῶν ἁρμοδίων ὑπηρεσιῶν ἐπὶ τοῦ προκειμένου ζητήματος, ὡς ἀνεκοινώθη σήμερον, θὰ ληφθοῦν ὅλα τὰ ἀπαραίτητα μέτρα διὰ τὴν ἐφαρμογὴν τῶν ἀποφάσεων καὶ τὴν ὁμαλὴν διεξαγωγὴν τῶν ἐργασιῶν, αἱ ὁποῖαι θὰ ἀρχίσουν ἐντὸς τῶν προσεχῶν ἡμερῶν συμφώνως πρὸς τὸ ἐγκριθὲν πρόγραμμα.

τῆς κυβερνήσεως καὶ τῶν ἁρμοδίων ὑπηρεσιῶν ἐπὶ τοῦ προκειμένου ζητήματος, ὡς ἀνεκοινώθη σήμερον, θὰ ληφθοῦν ὅλα τὰ ἀπαραίτητα μέτρα διὰ τὴν ἐφαρμογὴν τῶν ἀποφάσεων καὶ τὴν ὁμαλὴν διεξαγωγὴν τῶν ἐργασιῶν, αἱ ὁποῖαι θὰ ἀρχίσουν ἐντὸς τῶν προσεχῶν ἡμερῶν συμφώνως πρὸς τὸ ἐγκριθὲν πρόγραμμα.

τῆς κυβερνήσεως καὶ τῶν ἁρμοδίων ὑπηρεσιῶν ἐπὶ τοῦ προκειμένου ζητήματος, ὡς ἀνεκοινώθη σήμερον, θὰ ληφθοῦν ὅλα τὰ ἀπαραίτητα μέτρα διὰ τὴν ἐφαρμογὴν τῶν ἀποφάσεων καὶ τὴν ὁμαλὴν διεξαγωγὴν τῶν ἐργασιῶν, αἱ ὁποῖαι θὰ ἀρχίσουν ἐντὸς τῶν προσεχῶν ἡμερῶν συμφώνως πρὸς τὸ ἐγκριθὲν πρόγραμμα.

τῆς κυβερνήσεως καὶ τῶν ἁρμοδίων ὑπηρεσιῶν ἐπὶ τοῦ προκειμένου ζητήματος, ὡς ἀνεκοινώθη σήμερον, θὰ ληφθοῦν ὅλα τὰ ἀπαραίτητα μέτρα διὰ τὴν ἐφαρμογὴν τῶν ἀποφάσεων καὶ τὴν ὁμαλὴν διεξαγωγὴν τῶν ἐργασιῶν, αἱ ὁποῖαι θὰ ἀρχίσουν ἐντὸς τῶν προσεχῶν ἡμερῶν συμφώνως πρὸς τὸ ἐγκριθὲν πρόγραμμα.

τῆς κυβερνήσεως καὶ τῶν ἁρμοδίων ὑπηρεσιῶν ἐπὶ τοῦ προκειμένου ζητήματος, ὡς ἀνεκοινώθη σήμερον, θὰ ληφθοῦν ὅλα τὰ ἀπαραίτητα μέτρα διὰ τὴν ἐφαρμογὴν τῶν ἀποφάσεων καὶ τὴν ὁμαλὴν διεξαγωγὴν τῶν ἐργασιῶν, αἱ ὁποῖαι θὰ ἀρχίσουν ἐντὸς τῶν προσεχῶν ἡμερῶν συμφώνως πρὸς τὸ ἐγκριθὲν πρόγραμμα.

τῆς κυβερνήσεως καὶ τῶν ἁρμοδίων ὑπηρεσιῶν ἐπὶ τοῦ προκειμένου ζητήματος, ὡς ἀνεκοινώθη σήμερον, θὰ ληφθοῦν ὅλα τὰ ἀπαραίτητα μέτρα διὰ τὴν ἐφαρμογὴν τῶν ἀποφάσεων καὶ τὴν ὁμαλὴν διεξαγωγὴν τῶν ἐργασιῶν, αἱ ὁποῖαι θὰ ἀρχίσουν ἐντὸς τῶν προσεχῶν ἡμερῶν συμφώνως πρὸς τὸ ἐγκριθὲν πρόγραμμα.

ΔΙΕΚΟΠΗΣΑΝ ΑΙ ΑΓΓΛΟΡΩΣΣΙΚΑΙ ΣΥΝΟΜΙΛΙΑΙ ΠΡΟΣ ΥΠΟΓΡΑΦΗΝ ΣΥΜΦΩΝΟΥ ΜΗ ΕΠΙΘΕΣΕΩΣ
ΤΑΣ ΕΜΑΤΑΙΩΣΕΝ Η ΑΞΙΩΣΙΣ ΤΗΣ ΚΑΤΑΡΓΗΣΕΩΣ ΤΩΝ ΕΝ Μ. ΒΡΕΤΑΝΝΙΑ ΑΜΕΡΙΚΑΝΙΚΩΝ ΒΑΣΕΩΝ

ΜΑΝΤΣΕΣΤΕΡ, 1. (Ρώυτερ).— τῆς κυβερνήσεως καὶ τῶν ἁρμοδίων ὑπηρεσιῶν ἐπὶ τοῦ προκειμένου ζητήματος, ὡς ἀνεκοινώθη σήμερον, θὰ ληφθοῦν ὅλα τὰ ἀπαραίτητα μέτρα διὰ τὴν ἐφαρμογὴν τῶν ἀποφάσεων καὶ τὴν ὁμαλὴν διεξαγωγὴν τῶν ἐργασιῶν, αἱ ὁποῖαι θὰ ἀρχίσουν ἐντὸς τῶν προσεχῶν ἡμερῶν συμφώνως πρὸς τὸ ἐγκριθὲν πρόγραμμα.

τῆς κυβερνήσεως καὶ τῶν ἁρμοδίων ὑπηρεσιῶν ἐπὶ τοῦ προκειμένου ζητήματος, ὡς ἀνεκοινώθη σήμερον, θὰ ληφθοῦν ὅλα τὰ ἀπαραίτητα μέτρα διὰ τὴν ἐφαρμογὴν τῶν ἀποφάσεων καὶ τὴν ὁμαλὴν διεξαγωγὴν τῶν ἐργασιῶν, αἱ ὁποῖαι θὰ ἀρχίσουν ἐντὸς τῶν προσεχῶν ἡμερῶν συμφώνως πρὸς τὸ ἐγκριθὲν πρόγραμμα.

τῆς κυβερνήσεως καὶ τῶν ἁρμοδίων ὑπηρεσιῶν ἐπὶ τοῦ προκειμένου ζητήματος, ὡς ἀνεκοινώθη σήμερον, θὰ ληφθοῦν ὅλα τὰ ἀπαραίτητα μέτρα διὰ τὴν ἐφαρμογὴν τῶν ἀποφάσεων καὶ τὴν ὁμαλὴν διεξαγωγὴν τῶν ἐργασιῶν, αἱ ὁποῖαι θὰ ἀρχίσουν ἐντὸς τῶν προσεχῶν ἡμερῶν συμφώνως πρὸς τὸ ἐγκριθὲν πρόγραμμα.

τῆς κυβερνήσεως καὶ τῶν ἁρμοδίων ὑπηρεσιῶν ἐπὶ τοῦ προκειμένου ζητήματος, ὡς ἀνεκοινώθη σήμερον, θὰ ληφθοῦν ὅλα τὰ ἀπαραίτητα μέτρα διὰ τὴν ἐφαρμογὴν τῶν ἀποφάσεων καὶ τὴν ὁμαλὴν διεξαγωγὴν τῶν ἐργασιῶν, αἱ ὁποῖαι θὰ ἀρχίσουν ἐντὸς τῶν προσεχῶν ἡμερῶν συμφώνως πρὸς τὸ ἐγκριθὲν πρόγραμμα.

τῆς κυβερνήσεως καὶ τῶν ἁρμοδίων ὑπηρεσιῶν ἐπὶ τοῦ προκειμένου ζητήματος, ὡς ἀνεκοινώθη σήμερον, θὰ ληφθοῦν ὅλα τὰ ἀπαραίτητα μέτρα διὰ τὴν ἐφαρμογὴν τῶν ἀποφάσεων καὶ τὴν ὁμαλὴν διεξαγωγὴν τῶν ἐργασιῶν, αἱ ὁποῖαι θὰ ἀρχίσουν ἐντὸς τῶν προσεχῶν ἡμερῶν συμφώνως πρὸς τὸ ἐγκριθὲν πρόγραμμα.

τῆς κυβερνήσεως καὶ τῶν ἁρμοδίων ὑπηρεσιῶν ἐπὶ τοῦ προκειμένου ζητήματος, ὡς ἀνεκοινώθη σήμερον, θὰ ληφθοῦν ὅλα τὰ ἀπαραίτητα μέτρα διὰ τὴν ἐφαρμογὴν τῶν ἀποφάσεων καὶ τὴν ὁμαλὴν διεξαγωγὴν τῶν ἐργασιῶν, αἱ ὁποῖαι θὰ ἀρχίσουν ἐντὸς τῶν προσεχῶν ἡμερῶν συμφώνως πρὸς τὸ ἐγκριθὲν πρόγραμμα.

τῆς κυβερνήσεως καὶ τῶν ἁρμοδίων ὑπηρεσιῶν ἐπὶ τοῦ προκειμένου ζητήματος, ὡς ἀνεκοινώθη σήμερον, θὰ ληφθοῦν ὅλα τὰ ἀπαραίτητα μέτρα διὰ τὴν ἐφαρμογὴν τῶν ἀποφάσεων καὶ τὴν ὁμαλὴν διεξαγωγὴν τῶν ἐργασιῶν, αἱ ὁποῖαι θὰ ἀρχίσουν ἐντὸς τῶν προσεχῶν ἡμερῶν συμφώνως πρὸς τὸ ἐγκριθὲν πρόγραμμα.

τῆς κυβερνήσεως καὶ τῶν ἁρμοδίων ὑπηρεσιῶν ἐπὶ τοῦ προκειμένου ζητήματος, ὡς ἀνεκοινώθη σήμερον, θὰ ληφθοῦν ὅλα τὰ ἀπαραίτητα μέτρα διὰ τὴν ἐφαρμογὴν τῶν ἀποφάσεων καὶ τὴν ὁμαλὴν διεξαγωγὴν τῶν ἐργασιῶν, αἱ ὁποῖαι θὰ ἀρχίσουν ἐντὸς τῶν προσεχῶν ἡμερῶν συμφώνως πρὸς τὸ ἐγκριθὲν πρόγραμμα.

ΕΝΩ ΠΑΝΑΜΑΙΑΙ ΚΑΙ ΟΥΡΑΝΟΣ... ΕΚΛΑΙΟΝ ΟΙ ΚΟΥΒΑΝΟΙ ΕΙΣΒΟΛΕΙΣ ΠΑΡΕΔΙΔΟΝΤΟ
Ο ΚΑΫΜΟΣ ΤΟΥ ΑΡΧΗΓΟΥ ΤΟΥ ΣΕΖΑΡ ΒΕΓΚΑ

ΝΕΑ ΥΟΡΚΗ, 1. (Ἀσ. Πρὲς).— τῆς κυβερνήσεως καὶ τῶν ἁρμοδίων ὑπηρεσιῶν ἐπὶ τοῦ προκειμένου ζητήματος, ὡς ἀνεκοινώθη σήμερον, θὰ ληφθοῦν ὅλα τὰ ἀπαραίτητα μέτρα διὰ τὴν ἐφαρμογὴν τῶν ἀποφάσεων καὶ τὴν ὁμαλὴν διεξαγωγὴν τῶν ἐργασιῶν, αἱ ὁποῖαι θὰ ἀρχίσουν ἐντὸς τῶν προσεχῶν ἡμερῶν συμφώνως πρὸς τὸ ἐγκριθὲν πρόγραμμα.

τῆς κυβερνήσεως καὶ τῶν ἁρμοδίων ὑπηρεσιῶν ἐπὶ τοῦ προκειμένου ζητήματος, ὡς ἀνεκοινώθη σήμερον, θὰ ληφθοῦν ὅλα τὰ ἀπαραίτητα μέτρα διὰ τὴν ἐφαρμογὴν τῶν ἀποφάσεων καὶ τὴν ὁμαλὴν διεξαγωγὴν τῶν ἐργασιῶν, αἱ ὁποῖαι θὰ ἀρχίσουν ἐντὸς τῶν προσεχῶν ἡμερῶν συμφώνως πρὸς τὸ ἐγκριθὲν πρόγραμμα.

τῆς κυβερνήσεως καὶ τῶν ἁρμοδίων ὑπηρεσιῶν ἐπὶ τοῦ προκειμένου ζητήματος, ὡς ἀνεκοινώθη σήμερον, θὰ ληφθοῦν ὅλα τὰ ἀπαραίτητα μέτρα διὰ τὴν ἐφαρμογὴν τῶν ἀποφάσεων καὶ τὴν ὁμαλὴν διεξαγωγὴν τῶν ἐργασιῶν, αἱ ὁποῖαι θὰ ἀρχίσουν ἐντὸς τῶν προσεχῶν ἡμερῶν συμφώνως πρὸς τὸ ἐγκριθὲν πρόγραμμα.

τῆς κυβερνήσεως καὶ τῶν ἁρμοδίων ὑπηρεσιῶν ἐπὶ τοῦ προκειμένου ζητήματος, ὡς ἀνεκοινώθη σήμερον, θὰ ληφθοῦν ὅλα τὰ ἀπαραίτητα μέτρα διὰ τὴν ἐφαρμογὴν τῶν ἀποφάσεων καὶ τὴν ὁμαλὴν διεξαγωγὴν τῶν ἐργασιῶν, αἱ ὁποῖαι θὰ ἀρχίσουν ἐντὸς τῶν προσεχῶν ἡμερῶν συμφώνως πρὸς τὸ ἐγκριθὲν πρόγραμμα.

τῆς κυβερνήσεως καὶ τῶν ἁρμοδίων ὑπηρεσιῶν ἐπὶ τοῦ προκειμένου ζητήματος, ὡς ἀνεκοινώθη σήμερον, θὰ ληφθοῦν ὅλα τὰ ἀπαραίτητα μέτρα διὰ τὴν ἐφαρμογὴν τῶν ἀποφάσεων καὶ τὴν ὁμαλὴν διεξαγωγὴν τῶν ἐργασιῶν, αἱ ὁποῖαι θὰ ἀρχίσουν ἐντὸς τῶν προσεχῶν ἡμερῶν συμφώνως πρὸς τὸ ἐγκριθὲν πρόγραμμα.

Ο κ. ΣΟΦ. ΒΕΝΙΖΕΛΟΣ ΕΠΑΝΗΛΘΕ ΚΑΙ ΑΝΕΧΩΡΗΣΕΝ ΕΙΣ ΚΕΡΚΥΡΑΝ

ΑΘΗΝΑΙ, 1.— τῆς κυβερνήσεως καὶ τῶν ἁρμοδίων ὑπηρεσιῶν ἐπὶ τοῦ προκειμένου ζητήματος, ὡς ἀνεκοινώθη σήμερον, θὰ ληφθοῦν ὅλα τὰ ἀπαραίτητα μέτρα διὰ τὴν ἐφαρμογὴν τῶν ἀποφάσεων καὶ τὴν ὁμαλὴν διεξαγωγὴν τῶν ἐργασιῶν, αἱ ὁποῖαι θὰ ἀρχίσουν ἐντὸς τῶν προσεχῶν ἡμερῶν συμφώνως πρὸς τὸ ἐγκριθὲν πρόγραμμα.

ΜΥΣΤΙΚΗ ΣΥΝΕΡΓΑΣΙΑ ΧΟΥΣΣΕΙΝ ΚΑΙ ΑΠΑΤΙΑΡ ΕΙΣ ΚΩΝΣΤΑΝΤΙΝΟΥΠΟΛΙΝ

ΠΑΡΙΣΙΟΙ, 1. (Ἀσ. Πρὲς).— τῆς κυβερνήσεως καὶ τῶν ἁρμοδίων ὑπηρεσιῶν ἐπὶ τοῦ προκειμένου ζητήματος, ὡς ἀνεκοινώθη σήμερον, θὰ ληφθοῦν ὅλα τὰ ἀπαραίτητα μέτρα διὰ τὴν ἐφαρμογὴν τῶν ἀποφάσεων καὶ τὴν ὁμαλὴν διεξαγωγὴν τῶν ἐργασιῶν, αἱ ὁποῖαι θὰ ἀρχίσουν ἐντὸς τῶν προσεχῶν ἡμερῶν συμφώνως πρὸς τὸ ἐγκριθὲν πρόγραμμα.

τῆς κυβερνήσεως καὶ τῶν ἁρμοδίων ὑπηρεσιῶν ἐπὶ τοῦ προκειμένου ζητήματος, ὡς ἀνεκοινώθη σήμερον, θὰ ληφθοῦν ὅλα τὰ ἀπαραίτητα μέτρα διὰ τὴν ἐφαρμογὴν τῶν ἀποφάσεων καὶ τὴν ὁμαλὴν διεξαγωγὴν τῶν ἐργασιῶν, αἱ ὁποῖαι θὰ ἀρχίσουν ἐντὸς τῶν προσεχῶν ἡμερῶν συμφώνως πρὸς τὸ ἐγκριθὲν πρόγραμμα.

τῆς κυβερνήσεως καὶ τῶν ἁρμοδίων ὑπηρεσιῶν ἐπὶ τοῦ προκειμένου ζητήματος, ὡς ἀνεκοινώθη σήμερον, θὰ ληφθοῦν ὅλα τὰ ἀπαραίτητα μέτρα διὰ τὴν ἐφαρμογὴν τῶν ἀποφάσεων καὶ τὴν ὁμαλὴν διεξαγωγὴν τῶν ἐργασιῶν, αἱ ὁποῖαι θὰ ἀρχίσουν ἐντὸς τῶν προσεχῶν ἡμερῶν συμφώνως πρὸς τὸ ἐγκριθὲν πρόγραμμα.

ΤΣΑΚ ΡΑΤΑΙΤΣ
ΤΟ ΣΤΡΙΠ ΤΗΖ, ΟΙ ΦΟΝΟΙ ΚΑΙ ΤΑ ΝΑΡΚΩΤΙΚΑ ΤΗΣ ΚΑΝΤΥ ΚΑΙ ΤΟΥ ΓΚΑΓΚΣΤΕΡ ΜΙΚΥ ΚΡΑΤΟΥΝ ΕΝ ΣΥΓΚΙΝΗΣΕΙ ΤΟΥΣ ΑΜΕΡΙΚΑΝΟΥΣ

ΑΓΚΥΡΑ, 1. (Ἀσ. Πρὲς).— τῆς κυβερνήσεως καὶ τῶν ἁρμοδίων ὑπηρεσιῶν ἐπὶ τοῦ προκειμένου ζητήματος, ὡς ἀνεκοινώθη σήμερον, θὰ ληφθοῦν ὅλα τὰ ἀπαραίτητα μέτρα διὰ τὴν ἐφαρμογὴν τῶν ἀποφάσεων καὶ τὴν ὁμαλὴν διεξαγωγὴν τῶν ἐργασιῶν, αἱ ὁποῖαι θὰ ἀρχίσουν ἐντὸς τῶν προσεχῶν ἡμερῶν συμφώνως πρὸς τὸ ἐγκριθὲν πρόγραμμα.

τῆς κυβερνήσεως καὶ τῶν ἁρμοδίων ὑπηρεσιῶν ἐπὶ τοῦ προκειμένου ζητήματος, ὡς ἀνεκοινώθη σήμερον, θὰ ληφθοῦν ὅλα τὰ ἀπαραίτητα μέτρα διὰ τὴν ἐφαρμογὴν τῶν ἀποφάσεων καὶ τὴν ὁμαλὴν διεξαγωγὴν τῶν ἐργασιῶν, αἱ ὁποῖαι θὰ ἀρχίσουν ἐντὸς τῶν προσεχῶν ἡμερῶν συμφώνως πρὸς τὸ ἐγκριθὲν πρόγραμμα.

τῆς κυβερνήσεως καὶ τῶν ἁρμοδίων ὑπηρεσιῶν ἐπὶ τοῦ προκειμένου ζητήματος, ὡς ἀνεκοινώθη σήμερον, θὰ ληφθοῦν ὅλα τὰ ἀπαραίτητα μέτρα διὰ τὴν ἐφαρμογὴν τῶν ἀποφάσεων καὶ τὴν ὁμαλὴν διεξαγωγὴν τῶν ἐργασιῶν, αἱ ὁποῖαι θὰ ἀρχίσουν ἐντὸς τῶν προσεχῶν ἡμερῶν συμφώνως πρὸς τὸ ἐγκριθὲν πρόγραμμα.

τῆς κυβερνήσεως καὶ τῶν ἁρμοδίων ὑπηρεσιῶν ἐπὶ τοῦ προκειμένου ζητήματος, ὡς ἀνεκοινώθη σήμερον, θὰ ληφθοῦν ὅλα τὰ ἀπαραίτητα μέτρα διὰ τὴν ἐφαρμογὴν τῶν ἀποφάσεων καὶ τὴν ὁμαλὴν διεξαγωγὴν τῶν ἐργασιῶν, αἱ ὁποῖαι θὰ ἀρχίσουν ἐντὸς τῶν προσεχῶν ἡμερῶν συμφώνως πρὸς τὸ ἐγκριθὲν πρόγραμμα.

τῆς κυβερνήσεως καὶ τῶν ἁρμοδίων ὑπηρεσιῶν ἐπὶ τοῦ προκειμένου ζητήματος, ὡς ἀνεκοινώθη σήμερον, θὰ ληφθοῦν ὅλα τὰ ἀπαραίτητα μέτρα διὰ τὴν ἐφαρμογὴν τῶν ἀποφάσεων καὶ τὴν ὁμαλὴν διεξαγωγὴν τῶν ἐργασιῶν, αἱ ὁποῖαι θὰ ἀρχίσουν ἐντὸς τῶν προσεχῶν ἡμερῶν συμφώνως πρὸς τὸ ἐγκριθὲν πρόγραμμα.

τῆς κυβερνήσεως καὶ τῶν ἁρμοδίων ὑπηρεσιῶν ἐπὶ τοῦ προκειμένου ζητήματος, ὡς ἀνεκοινώθη σήμερον, θὰ ληφθοῦν ὅλα τὰ ἀπαραίτητα μέτρα διὰ τὴν ἐφαρμογὴν τῶν ἀποφάσεων καὶ τὴν ὁμαλὴν διεξαγωγὴν τῶν ἐργασιῶν, αἱ ὁποῖαι θὰ ἀρχίσουν ἐντὸς τῶν προσεχῶν ἡμερῶν συμφώνως πρὸς τὸ ἐγκριθὲν πρόγραμμα.

ΠΟΛΛΟΙ ΤΡΑΥΜΑΤΙΑΙ ΕΞ ΕΚΡΗΞΕΩΣ ΕΙΣ ΜΗΧΑΝΟΣΤΑΣΙΟΝ ΝΟΡΒΗΓΙΚΟΥ ΠΛΟΙΟΥ

ΚΟΡΙΝΘΟΣ, 1. Μ.— τῆς κυβερνήσεως καὶ τῶν ἁρμοδίων ὑπηρεσιῶν ἐπὶ τοῦ προκειμένου ζητήματος, ὡς ἀνεκοινώθη σήμερον, θὰ ληφθοῦν ὅλα τὰ ἀπαραίτητα μέτρα διὰ τὴν ἐφαρμογὴν τῶν ἀποφάσεων καὶ τὴν ὁμαλὴν διεξαγωγὴν τῶν ἐργασιῶν, αἱ ὁποῖαι θὰ ἀρχίσουν ἐντὸς τῶν προσεχῶν ἡμερῶν συμφώνως πρὸς τὸ ἐγκριθὲν πρόγραμμα.

ΠΛΕΙΟΨΗΦΟΥΝ ΟΙ ΚΥΒΕΡΝΗΤΙΚΟΙ ΕΙΣ ΤΑΣ ΕΝ ΙΑΠΩΝΙΑ ΔΗΜΟΤΙΚΑΣ ΕΚΛΟΓΑΣ

ΒΑΣΙΓΚΤΩΝ, 1. (Ἀσ. Πρὲς).— τῆς κυβερνήσεως καὶ τῶν ἁρμοδίων ὑπηρεσιῶν ἐπὶ τοῦ προκειμένου ζητήματος, ὡς ἀνεκοινώθη σήμερον, θὰ ληφθοῦν ὅλα τὰ ἀπαραίτητα μέτρα διὰ τὴν ἐφαρμογὴν τῶν ἀποφάσεων καὶ τὴν ὁμαλὴν διεξαγωγὴν τῶν ἐργασιῶν, αἱ ὁποῖαι θὰ ἀρχίσουν ἐντὸς τῶν προσεχῶν ἡμερῶν συμφώνως πρὸς τὸ ἐγκριθὲν πρόγραμμα.

τῆς κυβερνήσεως καὶ τῶν ἁρμοδίων ὑπηρεσιῶν ἐπὶ τοῦ προκειμένου ζητήματος, ὡς ἀνεκοινώθη σήμερον, θὰ ληφθοῦν ὅλα τὰ ἀπαραίτητα μέτρα διὰ τὴν ἐφαρμογὴν τῶν ἀποφάσεων καὶ τὴν ὁμαλὴν διεξαγωγὴν τῶν ἐργασιῶν, αἱ ὁποῖαι θὰ ἀρχίσουν ἐντὸς τῶν προσεχῶν ἡμερῶν συμφώνως πρὸς τὸ ἐγκριθὲν πρόγραμμα.

Η ΕΝ ΒΟΝΝΗ ΠΡΕΣΒΕΙΑ ΤΩΝ ΗΝΩΜ. ΠΟΛΙΤΕΙΩΝ ΔΙΑΨΕΥΔΕΙ ΤΗΝ ΣΥΛΛΗΨΙΝ ΥΠΑΛΛΗΛΟΥ ΤΗΣ ΩΣ ΜΕΤΕΧΟΝΤΟΣ ΔΙΚΤΥΟΥ ΚΑΤΑΣΚΟΠΕΙΑΣ

ΒΟΝΝΗ, 1. (Ἀσ. Πρὲς).— τῆς κυβερνήσεως καὶ τῶν ἁρμοδίων ὑπηρεσιῶν ἐπὶ τοῦ προκειμένου ζητήματος, ὡς ἀνεκοινώθη σήμερον, θὰ ληφθοῦν ὅλα τὰ ἀπαραίτητα μέτρα διὰ τὴν ἐφαρμογὴν τῶν ἀποφάσεων καὶ τὴν ὁμαλὴν διεξαγωγὴν τῶν ἐργασιῶν, αἱ ὁποῖαι θὰ ἀρχίσουν ἐντὸς τῶν προσεχῶν ἡμερῶν συμφώνως πρὸς τὸ ἐγκριθὲν πρόγραμμα.

τῆς κυβερνήσεως καὶ τῶν ἁρμοδίων ὑπηρεσιῶν ἐπὶ τοῦ προκειμένου ζητήματος, ὡς ἀνεκοινώθη σήμερον, θὰ ληφθοῦν ὅλα τὰ ἀπαραίτητα μέτρα διὰ τὴν ἐφαρμογὴν τῶν ἀποφάσεων καὶ τὴν ὁμαλὴν διεξαγωγὴν τῶν ἐργασιῶν, αἱ ὁποῖαι θὰ ἀρχίσουν ἐντὸς τῶν προσεχῶν ἡμερῶν συμφώνως πρὸς τὸ ἐγκριθὲν πρόγραμμα.

τῆς κυβερνήσεως καὶ τῶν ἁρμοδίων ὑπηρεσιῶν ἐπὶ τοῦ προκειμένου ζητήματος, ὡς ἀνεκοινώθη σήμερον, θὰ ληφθοῦν ὅλα τὰ ἀπαραίτητα μέτρα διὰ τὴν ἐφαρμογὴν τῶν ἀποφάσεων καὶ τὴν ὁμαλὴν διεξαγωγὴν τῶν ἐργασιῶν, αἱ ὁποῖαι θὰ ἀρχίσουν ἐντὸς τῶν προσεχῶν ἡμερῶν συμφώνως πρὸς τὸ ἐγκριθὲν πρόγραμμα.

τῆς κυβερνήσεως καὶ τῶν ἁρμοδίων ὑπηρεσιῶν ἐπὶ τοῦ προκειμένου ζητήματος, ὡς ἀνεκοινώθη σήμερον, θὰ ληφθοῦν ὅλα τὰ ἀπαραίτητα μέτρα διὰ τὴν ἐφαρμογὴν τῶν ἀποφάσεων καὶ τὴν ὁμαλὴν διεξαγωγὴν τῶν ἐργασιῶν, αἱ ὁποῖαι θὰ ἀρχίσουν ἐντὸς τῶν προσεχῶν ἡμερῶν συμφώνως πρὸς τὸ ἐγκριθὲν πρόγραμμα.

τῆς κυβερνήσεως καὶ τῶν ἁρμοδίων ὑπηρεσιῶν ἐπὶ τοῦ προκειμένου ζητήματος, ὡς ἀνεκοινώθη σήμερον, θὰ ληφθοῦν ὅλα τὰ ἀπαραίτητα μέτρα διὰ τὴν ἐφαρμογὴν τῶν ἀποφάσεων καὶ τὴν ὁμαλὴν διεξαγωγὴν τῶν ἐργασιῶν, αἱ ὁποῖαι θὰ ἀρχίσουν ἐντὸς τῶν προσεχῶν ἡμερῶν συμφώνως πρὸς τὸ ἐγκριθὲν πρόγραμμα.

ΟΙ ΚΑΘΗΓΗΤΑΙ ΤΗΣ ΜΕΣΗΣ ΕΚΠΑΙΔΕΥΣΕΩΣ ΥΠΕΡ ΤΗΣ ΕΙΣΑΓΩΓΗΣ ΑΝΕΥ ΕΞΕΤΑΣΕΩΝ ΤΩΝ ΑΡΙΣΤΟΥΧΩΝ ΕΙΣ ΤΑ ΠΑΝΕΠΙΣΤΗΜΙΑ

ΜΟΣΧΑ, 1. (Ἀσ. Πρὲς).— τῆς κυβερνήσεως καὶ τῶν ἁρμοδίων ὑπηρεσιῶν ἐπὶ τοῦ προκειμένου ζητήματος, ὡς ἀνεκοινώθη σήμερον, θὰ ληφθοῦν ὅλα τὰ ἀπαραίτητα μέτρα διὰ τὴν ἐφαρμογὴν τῶν ἀποφάσεων καὶ τὴν ὁμαλὴν διεξαγωγὴν τῶν ἐργασιῶν, αἱ ὁποῖαι θὰ ἀρχίσουν ἐντὸς τῶν προσεχῶν ἡμερῶν συμφώνως πρὸς τὸ ἐγκριθὲν πρόγραμμα.

τῆς κυβερνήσεως καὶ τῶν ἁρμοδίων ὑπηρεσιῶν ἐπὶ τοῦ προκειμένου ζητήματος, ὡς ἀνεκοινώθη σήμερον, θὰ ληφθοῦν ὅλα τὰ ἀπαραίτητα μέτρα διὰ τὴν ἐφαρμογὴν τῶν ἀποφάσεων καὶ τὴν ὁμαλὴν διεξαγωγὴν τῶν ἐργασιῶν, αἱ ὁποῖαι θὰ ἀρχίσουν ἐντὸς τῶν προσεχῶν ἡμερῶν συμφώνως πρὸς τὸ ἐγκριθὲν πρόγραμμα.

τῆς κυβερνήσεως καὶ τῶν ἁρμοδίων ὑπηρεσιῶν ἐπὶ τοῦ προκειμένου ζητήματος, ὡς ἀνεκοινώθη σήμερον, θὰ ληφθοῦν ὅλα τὰ ἀπαραίτητα μέτρα διὰ τὴν ἐφαρμογὴν τῶν ἀποφάσεων καὶ τὴν ὁμαλὴν διεξαγωγὴν τῶν ἐργασιῶν, αἱ ὁποῖαι θὰ ἀρχίσουν ἐντὸς τῶν προσεχῶν ἡμερῶν συμφώνως πρὸς τὸ ἐγκριθὲν πρόγραμμα.

τῆς κυβερνήσεως καὶ τῶν ἁρμοδίων ὑπηρεσιῶν ἐπὶ τοῦ προκειμένου ζητήματος, ὡς ἀνεκοινώθη σήμερον, θὰ ληφθοῦν ὅλα τὰ ἀπαραίτητα μέτρα διὰ τὴν ἐφαρμογὴν τῶν ἀποφάσεων καὶ τὴν ὁμαλὴν διεξαγωγὴν τῶν ἐργασιῶν, αἱ ὁποῖαι θὰ ἀρχίσουν ἐντὸς τῶν προσεχῶν ἡμερῶν συμφώνως πρὸς τὸ ἐγκριθὲν πρόγραμμα.

τῆς κυβερνήσεως καὶ τῶν ἁρμοδίων ὑπηρεσιῶν ἐπὶ τοῦ προκειμένου ζητήματος, ὡς ἀνεκοινώθη σήμερον, θὰ ληφθοῦν ὅλα τὰ ἀπαραίτητα μέτρα διὰ τὴν ἐφαρμογὴν τῶν ἀποφάσεων καὶ τὴν ὁμαλὴν διεξαγωγὴν τῶν ἐργασιῶν, αἱ ὁποῖαι θὰ ἀρχίσουν ἐντὸς τῶν προσεχῶν ἡμερῶν συμφώνως πρὸς τὸ ἐγκριθὲν πρόγραμμα.

ΚΟΙΝΑ ΑΕΡΟΠΟΡΙΚΑ ΓΥΜΝΑΣΙΑ ΤΩΝ ΧΩΡΩΝ ΣΥΜΦΩΝΟΥ ΒΑΓΔΑΤΗΣ

ΒΕΡΟΛΙΝΟΝ, 1. (Ἀσ. Πρὲς).— τῆς κυβερνήσεως καὶ τῶν ἁρμοδίων ὑπηρεσιῶν ἐπὶ τοῦ προκειμένου ζητήματος, ὡς ἀνεκοινώθη σήμερον, θὰ ληφθοῦν ὅλα τὰ ἀπαραίτητα μέτρα διὰ τὴν ἐφαρμογὴν τῶν ἀποφάσεων καὶ τὴν ὁμαλὴν διεξαγωγὴν τῶν ἐργασιῶν, αἱ ὁποῖαι θὰ ἀρχίσουν ἐντὸς τῶν προσεχῶν ἡμερῶν συμφώνως πρὸς τὸ ἐγκριθὲν πρόγραμμα.

τῆς κυβερνήσεως καὶ τῶν ἁρμοδίων ὑπηρεσιῶν ἐπὶ τοῦ προκειμένου ζητήματος, ὡς ἀνεκοινώθη σήμερον, θὰ ληφθοῦν ὅλα τὰ ἀπαραίτητα μέτρα διὰ τὴν ἐφαρμογὴν τῶν ἀποφάσεων καὶ τὴν ὁμαλὴν διεξαγωγὴν τῶν ἐργασιῶν, αἱ ὁποῖαι θὰ ἀρχίσουν ἐντὸς τῶν προσεχῶν ἡμερῶν συμφώνως πρὸς τὸ ἐγκριθὲν πρόγραμμα.

Ο ΜΑΚ ΚΑΡΘΥ ΕΓΚΑΤΕΛΕΙΨΕ ΠΕΡΙΟΥΣΙΑΝ 179.942 ΔΟΛΛΑΡΙΩΝ

ΤΟΚΙΟ, 1. (Ἀσ. Πρὲς).— τῆς κυβερνήσεως καὶ τῶν ἁρμοδίων ὑπηρεσιῶν ἐπὶ τοῦ προκειμένου ζητήματος, ὡς ἀνεκοινώθη σήμερον, θὰ ληφθοῦν ὅλα τὰ ἀπαραίτητα μέτρα διὰ τὴν ἐφαρμογὴν τῶν ἀποφάσεων καὶ τὴν ὁμαλὴν διεξαγωγὴν τῶν ἐργασιῶν, αἱ ὁποῖαι θὰ ἀρχίσουν ἐντὸς τῶν προσεχῶν ἡμερῶν συμφώνως πρὸς τὸ ἐγκριθὲν πρόγραμμα.

τῆς κυβερνήσεως καὶ τῶν ἁρμοδίων ὑπηρεσιῶν ἐπὶ τοῦ προκειμένου ζητήματος, ὡς ἀνεκοινώθη σήμερον, θὰ ληφθοῦν ὅλα τὰ ἀπαραίτητα μέτρα διὰ τὴν ἐφαρμογὴν τῶν ἀποφάσεων καὶ τὴν ὁμαλὴν διεξαγωγὴν τῶν ἐργασιῶν, αἱ ὁποῖαι θὰ ἀρχίσουν ἐντὸς τῶν προσεχῶν ἡμερῶν συμφώνως πρὸς τὸ ἐγκριθὲν πρόγραμμα.

τῆς κυβερνήσεως καὶ τῶν ἁρμοδίων ὑπηρεσιῶν ἐπὶ τοῦ προκειμένου ζητήματος, ὡς ἀνεκοινώθη σήμερον, θὰ ληφθοῦν ὅλα τὰ ἀπαραίτητα μέτρα διὰ τὴν ἐφαρμογὴν τῶν ἀποφάσεων καὶ τὴν ὁμαλὴν διεξαγωγὴν τῶν ἐργασιῶν, αἱ ὁποῖαι θὰ ἀρχίσουν ἐντὸς τῶν προσεχῶν ἡμερῶν συμφώνως πρὸς τὸ ἐγκριθὲν πρόγραμμα.

ΟΡΚΙΣΘΗΣΑΝ ΚΑΙ ΑΛΛΟΙ ΝΕΟΕΚΛΕΓΕΝΤΕΣ ΣΥΜΒΟΥΛΟΙ ΔΙΑΦΟΡΩΝ ΚΟΙΝΟΤΗΤΩΝ ΤΟΥ ΝΟΜΟΥ ΘΕΣΣΑΛΟΝΙΚΗΣ

ΛΕΥΚΩΣΙΑ, 1. (Ἀσ. Πρὲς).— τῆς κυβερνήσεως καὶ τῶν ἁρμοδίων ὑπηρεσιῶν ἐπὶ τοῦ προκειμένου ζητήματος, ὡς ἀνεκοινώθη σήμερον, θὰ ληφθοῦν ὅλα τὰ ἀπαραίτητα μέτρα διὰ τὴν ἐφαρμογὴν τῶν ἀποφάσεων καὶ τὴν ὁμαλὴν διεξαγωγὴν τῶν ἐργασιῶν, αἱ ὁποῖαι θὰ ἀρχίσουν ἐντὸς τῶν προσεχῶν ἡμερῶν συμφώνως πρὸς τὸ ἐγκριθὲν πρόγραμμα.

τῆς κυβερνήσεως καὶ τῶν ἁρμοδίων ὑπηρεσιῶν ἐπὶ τοῦ προκειμένου ζητήματος, ὡς ἀνεκοινώθη σήμερον, θὰ ληφθοῦν ὅλα τὰ ἀπαραίτητα μέτρα διὰ τὴν ἐφαρμογὴν τῶν ἀποφάσεων καὶ τὴν ὁμαλὴν διεξαγωγὴν τῶν ἐργασιῶν, αἱ ὁποῖαι θὰ ἀρχίσουν ἐντὸς τῶν προσεχῶν ἡμερῶν συμφώνως πρὸς τὸ ἐγκριθὲν πρόγραμμα.

τῆς κυβερνήσεως καὶ τῶν ἁρμοδίων ὑπηρεσιῶν ἐπὶ τοῦ προκειμένου ζητήματος, ὡς ἀνεκοινώθη σήμερον, θὰ ληφθοῦν ὅλα τὰ ἀπαραίτητα μέτρα διὰ τὴν ἐφαρμογὴν τῶν ἀποφάσεων καὶ τὴν ὁμαλὴν διεξαγωγὴν τῶν ἐργασιῶν, αἱ ὁποῖαι θὰ ἀρχίσουν ἐντὸς τῶν προσεχῶν ἡμερῶν συμφώνως πρὸς τὸ ἐγκριθὲν πρόγραμμα.

τῆς κυβερνήσεως καὶ τῶν ἁρμοδίων ὑπηρεσιῶν ἐπὶ τοῦ προκειμένου ζητήματος, ὡς ἀνεκοινώθη σήμερον, θὰ ληφθοῦν ὅλα τὰ ἀπαραίτητα μέτρα διὰ τὴν ἐφαρμογὴν τῶν ἀποφάσεων καὶ τὴν ὁμαλὴν διεξαγωγὴν τῶν ἐργασιῶν, αἱ ὁποῖαι θὰ ἀρχίσουν ἐντὸς τῶν προσεχῶν ἡμερῶν συμφώνως πρὸς τὸ ἐγκριθὲν πρόγραμμα.

τῆς κυβερνήσεως καὶ τῶν ἁρμοδίων ὑπηρεσιῶν ἐπὶ τοῦ προκειμένου ζητήματος, ὡς ἀνεκοινώθη σήμερον, θὰ ληφθοῦν ὅλα τὰ ἀπαραίτητα μέτρα διὰ τὴν ἐφαρμογὴν τῶν ἀποφάσεων καὶ τὴν ὁμαλὴν διεξαγωγὴν τῶν ἐργασιῶν, αἱ ὁποῖαι θὰ ἀρχίσουν ἐντὸς τῶν προσεχῶν ἡμερῶν συμφώνως πρὸς τὸ ἐγκριθὲν πρόγραμμα.

τῆς κυβερνήσεως καὶ τῶν ἁρμοδίων ὑπηρεσιῶν ἐπὶ τοῦ προκειμένου ζητήματος, ὡς ἀνεκοινώθη σήμερον, θὰ ληφθοῦν ὅλα τὰ ἀπαραίτητα μέτρα διὰ τὴν ἐφαρμογὴν τῶν ἀποφάσεων καὶ τὴν ὁμαλὴν διεξαγωγὴν τῶν ἐργασιῶν, αἱ ὁποῖαι θὰ ἀρχίσουν ἐντὸς τῶν προσεχῶν ἡμερῶν συμφώνως πρὸς τὸ ἐγκριθὲν πρόγραμμα.

τῆς κυβερνήσεως καὶ τῶν ἁρμοδίων ὑπηρεσιῶν ἐπὶ τοῦ προκειμένου ζητήματος, ὡς ἀνεκοινώθη σήμερον, θὰ ληφθοῦν ὅλα τὰ ἀπαραίτητα μέτρα διὰ τὴν ἐφαρμογὴν τῶν ἀποφάσεων καὶ τὴν ὁμαλὴν διεξαγωγὴν τῶν ἐργασιῶν, αἱ ὁποῖαι θὰ ἀρχίσουν ἐντὸς τῶν προσεχῶν ἡμερῶν συμφώνως πρὸς τὸ ἐγκριθὲν πρόγραμμα.
